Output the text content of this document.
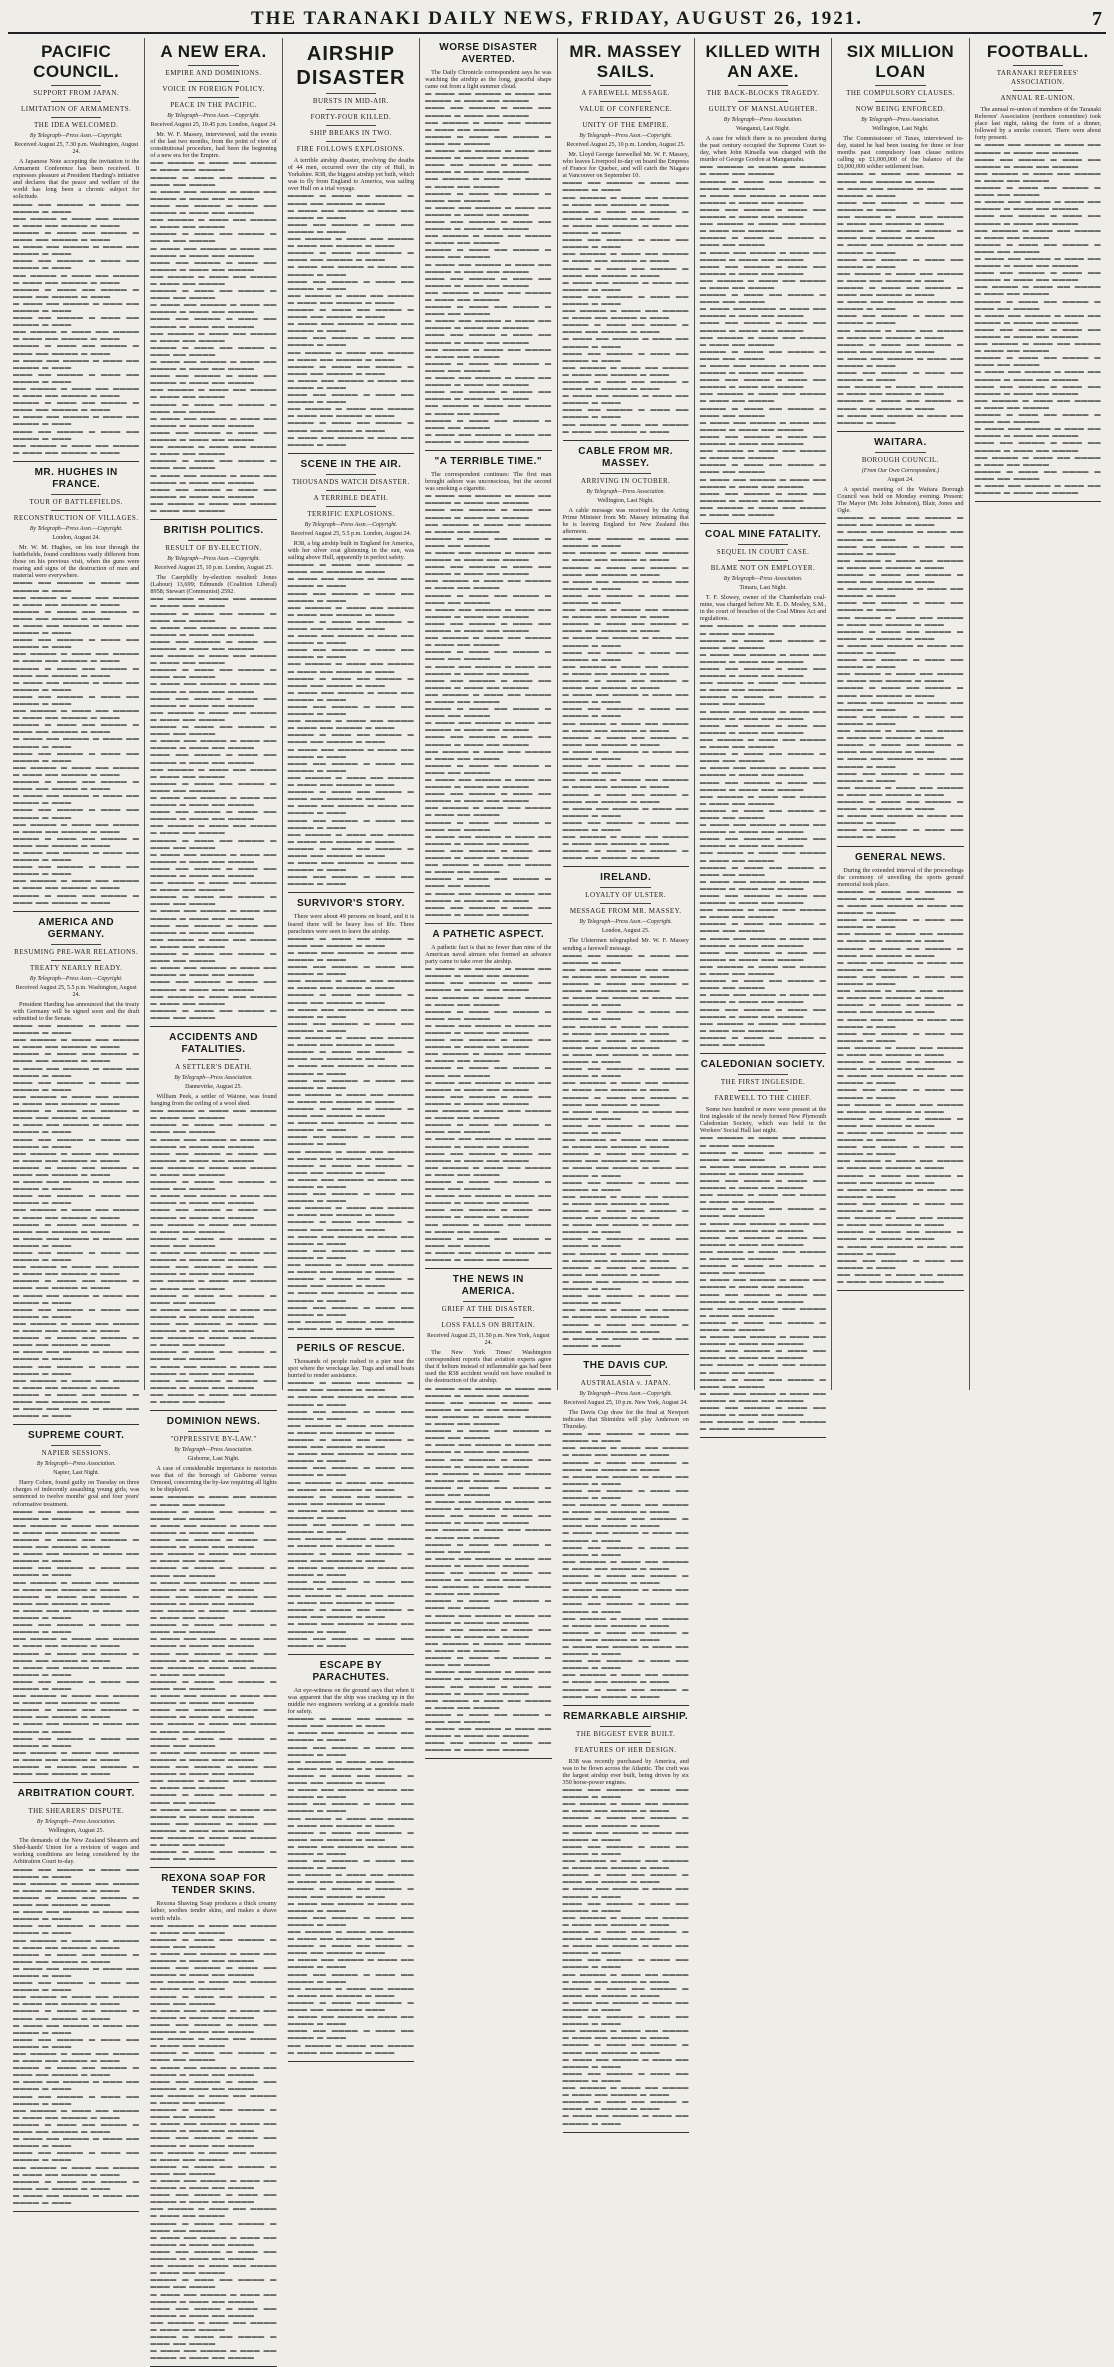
THE TARANAKI DAILY NEWS, FRIDAY, AUGUST 26, 1921.	7
PACIFIC COUNCIL.
SUPPORT FROM JAPAN.
LIMITATION OF ARMAMENTS.
THE IDEA WELCOMED.
By Telegraph—Press Assn.—Copyright.
Received August 25, 7.30 p.m. Washington, August 24.
A Japanese Note accepting the invitation to the Armament Conference has been received. It expresses pleasure at President Harding's initiative and declares that the peace and welfare of the world has long been a chronic subject for solicitude.
▬▬▬ ▬▬ ▬▬▬▬ ▬ ▬▬▬ ▬▬ ▬▬▬▬ ▬ ▬▬▬
▬▬ ▬▬▬▬ ▬ ▬▬▬ ▬▬ ▬▬▬▬ ▬ ▬▬▬ ▬▬ ▬▬▬▬ ▬ ▬▬▬
▬▬▬▬ ▬ ▬▬▬ ▬▬ ▬▬▬▬ ▬ ▬▬▬ ▬▬ ▬▬▬▬ ▬ ▬▬▬
▬ ▬▬▬ ▬▬ ▬▬▬▬ ▬ ▬▬▬ ▬▬ ▬▬▬▬ ▬ ▬▬▬
▬▬▬ ▬▬ ▬▬▬▬ ▬ ▬▬▬ ▬▬ ▬▬▬▬ ▬ ▬▬▬
▬▬ ▬▬▬▬ ▬ ▬▬▬ ▬▬ ▬▬▬▬ ▬ ▬▬▬ ▬▬ ▬▬▬▬ ▬ ▬▬▬
▬▬▬▬ ▬ ▬▬▬ ▬▬ ▬▬▬▬ ▬ ▬▬▬ ▬▬ ▬▬▬▬ ▬ ▬▬▬
▬ ▬▬▬ ▬▬ ▬▬▬▬ ▬ ▬▬▬ ▬▬ ▬▬▬▬ ▬ ▬▬▬
▬▬▬ ▬▬ ▬▬▬▬ ▬ ▬▬▬ ▬▬ ▬▬▬▬ ▬ ▬▬▬
▬▬ ▬▬▬▬ ▬ ▬▬▬ ▬▬ ▬▬▬▬ ▬ ▬▬▬ ▬▬ ▬▬▬▬ ▬ ▬▬▬
▬▬▬▬ ▬ ▬▬▬ ▬▬ ▬▬▬▬ ▬ ▬▬▬ ▬▬ ▬▬▬▬ ▬ ▬▬▬
▬ ▬▬▬ ▬▬ ▬▬▬▬ ▬ ▬▬▬ ▬▬ ▬▬▬▬ ▬ ▬▬▬
▬▬▬ ▬▬ ▬▬▬▬ ▬ ▬▬▬ ▬▬ ▬▬▬▬ ▬ ▬▬▬
▬▬ ▬▬▬▬ ▬ ▬▬▬ ▬▬ ▬▬▬▬ ▬ ▬▬▬ ▬▬ ▬▬▬▬ ▬ ▬▬▬
▬▬▬▬ ▬ ▬▬▬ ▬▬ ▬▬▬▬ ▬ ▬▬▬ ▬▬ ▬▬▬▬ ▬ ▬▬▬
▬ ▬▬▬ ▬▬ ▬▬▬▬ ▬ ▬▬▬ ▬▬ ▬▬▬▬ ▬ ▬▬▬
▬▬▬ ▬▬ ▬▬▬▬ ▬ ▬▬▬ ▬▬ ▬▬▬▬ ▬ ▬▬▬
▬▬ ▬▬▬▬ ▬ ▬▬▬ ▬▬ ▬▬▬▬ ▬ ▬▬▬ ▬▬ ▬▬▬▬ ▬ ▬▬▬
MR. HUGHES IN FRANCE.
TOUR OF BATTLEFIELDS.
RECONSTRUCTION OF VILLAGES.
By Telegraph—Press Assn.—Copyright.
London, August 24.
Mr. W. M. Hughes, on his tour through the battlefields, found conditions vastly different from those on his previous visit, when the guns were roaring and signs of the destruction of men and material were everywhere.
▬▬▬ ▬▬ ▬▬▬▬ ▬ ▬▬▬ ▬▬ ▬▬▬▬ ▬ ▬▬▬
▬▬ ▬▬▬▬ ▬ ▬▬▬ ▬▬ ▬▬▬▬ ▬ ▬▬▬ ▬▬ ▬▬▬▬ ▬ ▬▬▬
▬▬▬▬ ▬ ▬▬▬ ▬▬ ▬▬▬▬ ▬ ▬▬▬ ▬▬ ▬▬▬▬ ▬ ▬▬▬
▬ ▬▬▬ ▬▬ ▬▬▬▬ ▬ ▬▬▬ ▬▬ ▬▬▬▬ ▬ ▬▬▬
▬▬▬ ▬▬ ▬▬▬▬ ▬ ▬▬▬ ▬▬ ▬▬▬▬ ▬ ▬▬▬
▬▬ ▬▬▬▬ ▬ ▬▬▬ ▬▬ ▬▬▬▬ ▬ ▬▬▬ ▬▬ ▬▬▬▬ ▬ ▬▬▬
▬▬▬▬ ▬ ▬▬▬ ▬▬ ▬▬▬▬ ▬ ▬▬▬ ▬▬ ▬▬▬▬ ▬ ▬▬▬
▬ ▬▬▬ ▬▬ ▬▬▬▬ ▬ ▬▬▬ ▬▬ ▬▬▬▬ ▬ ▬▬▬
▬▬▬ ▬▬ ▬▬▬▬ ▬ ▬▬▬ ▬▬ ▬▬▬▬ ▬ ▬▬▬
▬▬ ▬▬▬▬ ▬ ▬▬▬ ▬▬ ▬▬▬▬ ▬ ▬▬▬ ▬▬ ▬▬▬▬ ▬ ▬▬▬
▬▬▬▬ ▬ ▬▬▬ ▬▬ ▬▬▬▬ ▬ ▬▬▬ ▬▬ ▬▬▬▬ ▬ ▬▬▬
▬ ▬▬▬ ▬▬ ▬▬▬▬ ▬ ▬▬▬ ▬▬ ▬▬▬▬ ▬ ▬▬▬
▬▬▬ ▬▬ ▬▬▬▬ ▬ ▬▬▬ ▬▬ ▬▬▬▬ ▬ ▬▬▬
▬▬ ▬▬▬▬ ▬ ▬▬▬ ▬▬ ▬▬▬▬ ▬ ▬▬▬ ▬▬ ▬▬▬▬ ▬ ▬▬▬
▬▬▬▬ ▬ ▬▬▬ ▬▬ ▬▬▬▬ ▬ ▬▬▬ ▬▬ ▬▬▬▬ ▬ ▬▬▬
▬ ▬▬▬ ▬▬ ▬▬▬▬ ▬ ▬▬▬ ▬▬ ▬▬▬▬ ▬ ▬▬▬
▬▬▬ ▬▬ ▬▬▬▬ ▬ ▬▬▬ ▬▬ ▬▬▬▬ ▬ ▬▬▬
▬▬ ▬▬▬▬ ▬ ▬▬▬ ▬▬ ▬▬▬▬ ▬ ▬▬▬ ▬▬ ▬▬▬▬ ▬ ▬▬▬
▬▬▬▬ ▬ ▬▬▬ ▬▬ ▬▬▬▬ ▬ ▬▬▬ ▬▬ ▬▬▬▬ ▬ ▬▬▬
▬ ▬▬▬ ▬▬ ▬▬▬▬ ▬ ▬▬▬ ▬▬ ▬▬▬▬ ▬ ▬▬▬
▬▬▬ ▬▬ ▬▬▬▬ ▬ ▬▬▬ ▬▬ ▬▬▬▬ ▬ ▬▬▬
▬▬ ▬▬▬▬ ▬ ▬▬▬ ▬▬ ▬▬▬▬ ▬ ▬▬▬ ▬▬ ▬▬▬▬ ▬ ▬▬▬
▬▬▬▬ ▬ ▬▬▬ ▬▬ ▬▬▬▬ ▬ ▬▬▬ ▬▬ ▬▬▬▬ ▬ ▬▬▬
AMERICA AND GERMANY.
RESUMING PRE-WAR RELATIONS.
TREATY NEARLY READY.
By Telegraph—Press Assn.—Copyright.
Received August 25, 5.5 p.m. Washington, August 24.
President Harding has announced that the treaty with Germany will be signed soon and the draft submitted to the Senate.
▬▬▬ ▬▬ ▬▬▬▬ ▬ ▬▬▬ ▬▬ ▬▬▬▬ ▬ ▬▬▬
▬▬ ▬▬▬▬ ▬ ▬▬▬ ▬▬ ▬▬▬▬ ▬ ▬▬▬ ▬▬ ▬▬▬▬ ▬ ▬▬▬
▬▬▬▬ ▬ ▬▬▬ ▬▬ ▬▬▬▬ ▬ ▬▬▬ ▬▬ ▬▬▬▬ ▬ ▬▬▬
▬ ▬▬▬ ▬▬ ▬▬▬▬ ▬ ▬▬▬ ▬▬ ▬▬▬▬ ▬ ▬▬▬
▬▬▬ ▬▬ ▬▬▬▬ ▬ ▬▬▬ ▬▬ ▬▬▬▬ ▬ ▬▬▬
▬▬ ▬▬▬▬ ▬ ▬▬▬ ▬▬ ▬▬▬▬ ▬ ▬▬▬ ▬▬ ▬▬▬▬ ▬ ▬▬▬
▬▬▬▬ ▬ ▬▬▬ ▬▬ ▬▬▬▬ ▬ ▬▬▬ ▬▬ ▬▬▬▬ ▬ ▬▬▬
▬ ▬▬▬ ▬▬ ▬▬▬▬ ▬ ▬▬▬ ▬▬ ▬▬▬▬ ▬ ▬▬▬
▬▬▬ ▬▬ ▬▬▬▬ ▬ ▬▬▬ ▬▬ ▬▬▬▬ ▬ ▬▬▬
▬▬ ▬▬▬▬ ▬ ▬▬▬ ▬▬ ▬▬▬▬ ▬ ▬▬▬ ▬▬ ▬▬▬▬ ▬ ▬▬▬
▬▬▬▬ ▬ ▬▬▬ ▬▬ ▬▬▬▬ ▬ ▬▬▬ ▬▬ ▬▬▬▬ ▬ ▬▬▬
▬ ▬▬▬ ▬▬ ▬▬▬▬ ▬ ▬▬▬ ▬▬ ▬▬▬▬ ▬ ▬▬▬
▬▬▬ ▬▬ ▬▬▬▬ ▬ ▬▬▬ ▬▬ ▬▬▬▬ ▬ ▬▬▬
▬▬ ▬▬▬▬ ▬ ▬▬▬ ▬▬ ▬▬▬▬ ▬ ▬▬▬ ▬▬ ▬▬▬▬ ▬ ▬▬▬
▬▬▬▬ ▬ ▬▬▬ ▬▬ ▬▬▬▬ ▬ ▬▬▬ ▬▬ ▬▬▬▬ ▬ ▬▬▬
▬ ▬▬▬ ▬▬ ▬▬▬▬ ▬ ▬▬▬ ▬▬ ▬▬▬▬ ▬ ▬▬▬
▬▬▬ ▬▬ ▬▬▬▬ ▬ ▬▬▬ ▬▬ ▬▬▬▬ ▬ ▬▬▬
▬▬ ▬▬▬▬ ▬ ▬▬▬ ▬▬ ▬▬▬▬ ▬ ▬▬▬ ▬▬ ▬▬▬▬ ▬ ▬▬▬
▬▬▬▬ ▬ ▬▬▬ ▬▬ ▬▬▬▬ ▬ ▬▬▬ ▬▬ ▬▬▬▬ ▬ ▬▬▬
▬ ▬▬▬ ▬▬ ▬▬▬▬ ▬ ▬▬▬ ▬▬ ▬▬▬▬ ▬ ▬▬▬
▬▬▬ ▬▬ ▬▬▬▬ ▬ ▬▬▬ ▬▬ ▬▬▬▬ ▬ ▬▬▬
▬▬ ▬▬▬▬ ▬ ▬▬▬ ▬▬ ▬▬▬▬ ▬ ▬▬▬ ▬▬ ▬▬▬▬ ▬ ▬▬▬
▬▬▬▬ ▬ ▬▬▬ ▬▬ ▬▬▬▬ ▬ ▬▬▬ ▬▬ ▬▬▬▬ ▬ ▬▬▬
▬ ▬▬▬ ▬▬ ▬▬▬▬ ▬ ▬▬▬ ▬▬ ▬▬▬▬ ▬ ▬▬▬
▬▬▬ ▬▬ ▬▬▬▬ ▬ ▬▬▬ ▬▬ ▬▬▬▬ ▬ ▬▬▬
▬▬ ▬▬▬▬ ▬ ▬▬▬ ▬▬ ▬▬▬▬ ▬ ▬▬▬ ▬▬ ▬▬▬▬ ▬ ▬▬▬
▬▬▬▬ ▬ ▬▬▬ ▬▬ ▬▬▬▬ ▬ ▬▬▬ ▬▬ ▬▬▬▬ ▬ ▬▬▬
▬ ▬▬▬ ▬▬ ▬▬▬▬ ▬ ▬▬▬ ▬▬ ▬▬▬▬ ▬ ▬▬▬
SUPREME COURT.
NAPIER SESSIONS.
By Telegraph—Press Association.
Napier, Last Night.
Harry Cohen, found guilty on Tuesday on three charges of indecently assaulting young girls, was sentenced to twelve months' goal and four years' reformative treatment.
▬▬▬ ▬▬ ▬▬▬▬ ▬ ▬▬▬ ▬▬ ▬▬▬▬ ▬ ▬▬▬
▬▬ ▬▬▬▬ ▬ ▬▬▬ ▬▬ ▬▬▬▬ ▬ ▬▬▬ ▬▬ ▬▬▬▬ ▬ ▬▬▬
▬▬▬▬ ▬ ▬▬▬ ▬▬ ▬▬▬▬ ▬ ▬▬▬ ▬▬ ▬▬▬▬ ▬ ▬▬▬
▬ ▬▬▬ ▬▬ ▬▬▬▬ ▬ ▬▬▬ ▬▬ ▬▬▬▬ ▬ ▬▬▬
▬▬▬ ▬▬ ▬▬▬▬ ▬ ▬▬▬ ▬▬ ▬▬▬▬ ▬ ▬▬▬
▬▬ ▬▬▬▬ ▬ ▬▬▬ ▬▬ ▬▬▬▬ ▬ ▬▬▬ ▬▬ ▬▬▬▬ ▬ ▬▬▬
▬▬▬▬ ▬ ▬▬▬ ▬▬ ▬▬▬▬ ▬ ▬▬▬ ▬▬ ▬▬▬▬ ▬ ▬▬▬
▬ ▬▬▬ ▬▬ ▬▬▬▬ ▬ ▬▬▬ ▬▬ ▬▬▬▬ ▬ ▬▬▬
▬▬▬ ▬▬ ▬▬▬▬ ▬ ▬▬▬ ▬▬ ▬▬▬▬ ▬ ▬▬▬
▬▬ ▬▬▬▬ ▬ ▬▬▬ ▬▬ ▬▬▬▬ ▬ ▬▬▬ ▬▬ ▬▬▬▬ ▬ ▬▬▬
▬▬▬▬ ▬ ▬▬▬ ▬▬ ▬▬▬▬ ▬ ▬▬▬ ▬▬ ▬▬▬▬ ▬ ▬▬▬
▬ ▬▬▬ ▬▬ ▬▬▬▬ ▬ ▬▬▬ ▬▬ ▬▬▬▬ ▬ ▬▬▬
▬▬▬ ▬▬ ▬▬▬▬ ▬ ▬▬▬ ▬▬ ▬▬▬▬ ▬ ▬▬▬
▬▬ ▬▬▬▬ ▬ ▬▬▬ ▬▬ ▬▬▬▬ ▬ ▬▬▬ ▬▬ ▬▬▬▬ ▬ ▬▬▬
▬▬▬▬ ▬ ▬▬▬ ▬▬ ▬▬▬▬ ▬ ▬▬▬ ▬▬ ▬▬▬▬ ▬ ▬▬▬
▬ ▬▬▬ ▬▬ ▬▬▬▬ ▬ ▬▬▬ ▬▬ ▬▬▬▬ ▬ ▬▬▬
▬▬▬ ▬▬ ▬▬▬▬ ▬ ▬▬▬ ▬▬ ▬▬▬▬ ▬ ▬▬▬
▬▬ ▬▬▬▬ ▬ ▬▬▬ ▬▬ ▬▬▬▬ ▬ ▬▬▬ ▬▬ ▬▬▬▬ ▬ ▬▬▬
▬▬▬▬ ▬ ▬▬▬ ▬▬ ▬▬▬▬ ▬ ▬▬▬ ▬▬ ▬▬▬▬ ▬ ▬▬▬
ARBITRATION COURT.
THE SHEARERS' DISPUTE.
By Telegraph—Press Association.
Wellington, August 25.
The demands of the New Zealand Shearers and Shed-hands' Union for a revision of wages and working conditions are being considered by the Arbitration Court to-day.
▬▬▬ ▬▬ ▬▬▬▬ ▬ ▬▬▬ ▬▬ ▬▬▬▬ ▬ ▬▬▬
▬▬ ▬▬▬▬ ▬ ▬▬▬ ▬▬ ▬▬▬▬ ▬ ▬▬▬ ▬▬ ▬▬▬▬ ▬ ▬▬▬
▬▬▬▬ ▬ ▬▬▬ ▬▬ ▬▬▬▬ ▬ ▬▬▬ ▬▬ ▬▬▬▬ ▬ ▬▬▬
▬ ▬▬▬ ▬▬ ▬▬▬▬ ▬ ▬▬▬ ▬▬ ▬▬▬▬ ▬ ▬▬▬
▬▬▬ ▬▬ ▬▬▬▬ ▬ ▬▬▬ ▬▬ ▬▬▬▬ ▬ ▬▬▬
▬▬ ▬▬▬▬ ▬ ▬▬▬ ▬▬ ▬▬▬▬ ▬ ▬▬▬ ▬▬ ▬▬▬▬ ▬ ▬▬▬
▬▬▬▬ ▬ ▬▬▬ ▬▬ ▬▬▬▬ ▬ ▬▬▬ ▬▬ ▬▬▬▬ ▬ ▬▬▬
▬ ▬▬▬ ▬▬ ▬▬▬▬ ▬ ▬▬▬ ▬▬ ▬▬▬▬ ▬ ▬▬▬
▬▬▬ ▬▬ ▬▬▬▬ ▬ ▬▬▬ ▬▬ ▬▬▬▬ ▬ ▬▬▬
▬▬ ▬▬▬▬ ▬ ▬▬▬ ▬▬ ▬▬▬▬ ▬ ▬▬▬ ▬▬ ▬▬▬▬ ▬ ▬▬▬
▬▬▬▬ ▬ ▬▬▬ ▬▬ ▬▬▬▬ ▬ ▬▬▬ ▬▬ ▬▬▬▬ ▬ ▬▬▬
▬ ▬▬▬ ▬▬ ▬▬▬▬ ▬ ▬▬▬ ▬▬ ▬▬▬▬ ▬ ▬▬▬
▬▬▬ ▬▬ ▬▬▬▬ ▬ ▬▬▬ ▬▬ ▬▬▬▬ ▬ ▬▬▬
▬▬ ▬▬▬▬ ▬ ▬▬▬ ▬▬ ▬▬▬▬ ▬ ▬▬▬ ▬▬ ▬▬▬▬ ▬ ▬▬▬
▬▬▬▬ ▬ ▬▬▬ ▬▬ ▬▬▬▬ ▬ ▬▬▬ ▬▬ ▬▬▬▬ ▬ ▬▬▬
▬ ▬▬▬ ▬▬ ▬▬▬▬ ▬ ▬▬▬ ▬▬ ▬▬▬▬ ▬ ▬▬▬
▬▬▬ ▬▬ ▬▬▬▬ ▬ ▬▬▬ ▬▬ ▬▬▬▬ ▬ ▬▬▬
▬▬ ▬▬▬▬ ▬ ▬▬▬ ▬▬ ▬▬▬▬ ▬ ▬▬▬ ▬▬ ▬▬▬▬ ▬ ▬▬▬
▬▬▬▬ ▬ ▬▬▬ ▬▬ ▬▬▬▬ ▬ ▬▬▬ ▬▬ ▬▬▬▬ ▬ ▬▬▬
▬ ▬▬▬ ▬▬ ▬▬▬▬ ▬ ▬▬▬ ▬▬ ▬▬▬▬ ▬ ▬▬▬
▬▬▬ ▬▬ ▬▬▬▬ ▬ ▬▬▬ ▬▬ ▬▬▬▬ ▬ ▬▬▬
▬▬ ▬▬▬▬ ▬ ▬▬▬ ▬▬ ▬▬▬▬ ▬ ▬▬▬ ▬▬ ▬▬▬▬ ▬ ▬▬▬
▬▬▬▬ ▬ ▬▬▬ ▬▬ ▬▬▬▬ ▬ ▬▬▬ ▬▬ ▬▬▬▬ ▬ ▬▬▬
▬ ▬▬▬ ▬▬ ▬▬▬▬ ▬ ▬▬▬ ▬▬ ▬▬▬▬ ▬ ▬▬▬
A NEW ERA.
EMPIRE AND DOMINIONS.
VOICE IN FOREIGN POLICY.
PEACE IN THE PACIFIC.
By Telegraph—Press Assn.—Copyright.
Received August 25, 10.45 p.m. London, August 24.
Mr. W. F. Massey, interviewed, said the events of the last two months, from the point of view of constitutional procedure, had been the beginning of a new era for the Empire.
▬▬ ▬▬▬▬ ▬ ▬▬▬ ▬▬ ▬▬▬▬ ▬ ▬▬▬ ▬▬ ▬▬▬▬
▬▬▬▬ ▬ ▬▬▬ ▬▬ ▬▬▬▬ ▬ ▬▬▬ ▬▬ ▬▬▬▬
▬ ▬▬▬ ▬▬ ▬▬▬▬ ▬ ▬▬▬ ▬▬ ▬▬▬▬ ▬ ▬▬▬ ▬▬ ▬▬▬▬
▬▬▬ ▬▬ ▬▬▬▬ ▬ ▬▬▬ ▬▬ ▬▬▬▬ ▬ ▬▬▬ ▬▬ ▬▬▬▬
▬▬ ▬▬▬▬ ▬ ▬▬▬ ▬▬ ▬▬▬▬ ▬ ▬▬▬ ▬▬ ▬▬▬▬
▬▬▬▬ ▬ ▬▬▬ ▬▬ ▬▬▬▬ ▬ ▬▬▬ ▬▬ ▬▬▬▬
▬ ▬▬▬ ▬▬ ▬▬▬▬ ▬ ▬▬▬ ▬▬ ▬▬▬▬ ▬ ▬▬▬ ▬▬ ▬▬▬▬
▬▬▬ ▬▬ ▬▬▬▬ ▬ ▬▬▬ ▬▬ ▬▬▬▬ ▬ ▬▬▬ ▬▬ ▬▬▬▬
▬▬ ▬▬▬▬ ▬ ▬▬▬ ▬▬ ▬▬▬▬ ▬ ▬▬▬ ▬▬ ▬▬▬▬
▬▬▬▬ ▬ ▬▬▬ ▬▬ ▬▬▬▬ ▬ ▬▬▬ ▬▬ ▬▬▬▬
▬ ▬▬▬ ▬▬ ▬▬▬▬ ▬ ▬▬▬ ▬▬ ▬▬▬▬ ▬ ▬▬▬ ▬▬ ▬▬▬▬
▬▬▬ ▬▬ ▬▬▬▬ ▬ ▬▬▬ ▬▬ ▬▬▬▬ ▬ ▬▬▬ ▬▬ ▬▬▬▬
▬▬ ▬▬▬▬ ▬ ▬▬▬ ▬▬ ▬▬▬▬ ▬ ▬▬▬ ▬▬ ▬▬▬▬
▬▬▬▬ ▬ ▬▬▬ ▬▬ ▬▬▬▬ ▬ ▬▬▬ ▬▬ ▬▬▬▬
▬ ▬▬▬ ▬▬ ▬▬▬▬ ▬ ▬▬▬ ▬▬ ▬▬▬▬ ▬ ▬▬▬ ▬▬ ▬▬▬▬
▬▬▬ ▬▬ ▬▬▬▬ ▬ ▬▬▬ ▬▬ ▬▬▬▬ ▬ ▬▬▬ ▬▬ ▬▬▬▬
▬▬ ▬▬▬▬ ▬ ▬▬▬ ▬▬ ▬▬▬▬ ▬ ▬▬▬ ▬▬ ▬▬▬▬
▬▬▬▬ ▬ ▬▬▬ ▬▬ ▬▬▬▬ ▬ ▬▬▬ ▬▬ ▬▬▬▬
▬ ▬▬▬ ▬▬ ▬▬▬▬ ▬ ▬▬▬ ▬▬ ▬▬▬▬ ▬ ▬▬▬ ▬▬ ▬▬▬▬
▬▬▬ ▬▬ ▬▬▬▬ ▬ ▬▬▬ ▬▬ ▬▬▬▬ ▬ ▬▬▬ ▬▬ ▬▬▬▬
▬▬ ▬▬▬▬ ▬ ▬▬▬ ▬▬ ▬▬▬▬ ▬ ▬▬▬ ▬▬ ▬▬▬▬
▬▬▬▬ ▬ ▬▬▬ ▬▬ ▬▬▬▬ ▬ ▬▬▬ ▬▬ ▬▬▬▬
▬ ▬▬▬ ▬▬ ▬▬▬▬ ▬ ▬▬▬ ▬▬ ▬▬▬▬ ▬ ▬▬▬ ▬▬ ▬▬▬▬
▬▬▬ ▬▬ ▬▬▬▬ ▬ ▬▬▬ ▬▬ ▬▬▬▬ ▬ ▬▬▬ ▬▬ ▬▬▬▬
▬▬ ▬▬▬▬ ▬ ▬▬▬ ▬▬ ▬▬▬▬ ▬ ▬▬▬ ▬▬ ▬▬▬▬
BRITISH POLITICS.
RESULT OF BY-ELECTION.
By Telegraph—Press Assn.—Copyright.
Received August 25, 10 p.m. London, August 25.
The Caerphilly by-election resulted: Jones (Labour) 13,699; Edmunds (Coalition Liberal) 8958; Stewart (Communist) 2592.
▬▬ ▬▬▬▬ ▬ ▬▬▬ ▬▬ ▬▬▬▬ ▬ ▬▬▬ ▬▬ ▬▬▬▬
▬▬▬▬ ▬ ▬▬▬ ▬▬ ▬▬▬▬ ▬ ▬▬▬ ▬▬ ▬▬▬▬
▬ ▬▬▬ ▬▬ ▬▬▬▬ ▬ ▬▬▬ ▬▬ ▬▬▬▬ ▬ ▬▬▬ ▬▬ ▬▬▬▬
▬▬▬ ▬▬ ▬▬▬▬ ▬ ▬▬▬ ▬▬ ▬▬▬▬ ▬ ▬▬▬ ▬▬ ▬▬▬▬
▬▬ ▬▬▬▬ ▬ ▬▬▬ ▬▬ ▬▬▬▬ ▬ ▬▬▬ ▬▬ ▬▬▬▬
▬▬▬▬ ▬ ▬▬▬ ▬▬ ▬▬▬▬ ▬ ▬▬▬ ▬▬ ▬▬▬▬
▬ ▬▬▬ ▬▬ ▬▬▬▬ ▬ ▬▬▬ ▬▬ ▬▬▬▬ ▬ ▬▬▬ ▬▬ ▬▬▬▬
▬▬▬ ▬▬ ▬▬▬▬ ▬ ▬▬▬ ▬▬ ▬▬▬▬ ▬ ▬▬▬ ▬▬ ▬▬▬▬
▬▬ ▬▬▬▬ ▬ ▬▬▬ ▬▬ ▬▬▬▬ ▬ ▬▬▬ ▬▬ ▬▬▬▬
▬▬▬▬ ▬ ▬▬▬ ▬▬ ▬▬▬▬ ▬ ▬▬▬ ▬▬ ▬▬▬▬
▬ ▬▬▬ ▬▬ ▬▬▬▬ ▬ ▬▬▬ ▬▬ ▬▬▬▬ ▬ ▬▬▬ ▬▬ ▬▬▬▬
▬▬▬ ▬▬ ▬▬▬▬ ▬ ▬▬▬ ▬▬ ▬▬▬▬ ▬ ▬▬▬ ▬▬ ▬▬▬▬
▬▬ ▬▬▬▬ ▬ ▬▬▬ ▬▬ ▬▬▬▬ ▬ ▬▬▬ ▬▬ ▬▬▬▬
▬▬▬▬ ▬ ▬▬▬ ▬▬ ▬▬▬▬ ▬ ▬▬▬ ▬▬ ▬▬▬▬
▬ ▬▬▬ ▬▬ ▬▬▬▬ ▬ ▬▬▬ ▬▬ ▬▬▬▬ ▬ ▬▬▬ ▬▬ ▬▬▬▬
▬▬▬ ▬▬ ▬▬▬▬ ▬ ▬▬▬ ▬▬ ▬▬▬▬ ▬ ▬▬▬ ▬▬ ▬▬▬▬
▬▬ ▬▬▬▬ ▬ ▬▬▬ ▬▬ ▬▬▬▬ ▬ ▬▬▬ ▬▬ ▬▬▬▬
▬▬▬▬ ▬ ▬▬▬ ▬▬ ▬▬▬▬ ▬ ▬▬▬ ▬▬ ▬▬▬▬
▬ ▬▬▬ ▬▬ ▬▬▬▬ ▬ ▬▬▬ ▬▬ ▬▬▬▬ ▬ ▬▬▬ ▬▬ ▬▬▬▬
▬▬▬ ▬▬ ▬▬▬▬ ▬ ▬▬▬ ▬▬ ▬▬▬▬ ▬ ▬▬▬ ▬▬ ▬▬▬▬
▬▬ ▬▬▬▬ ▬ ▬▬▬ ▬▬ ▬▬▬▬ ▬ ▬▬▬ ▬▬ ▬▬▬▬
▬▬▬▬ ▬ ▬▬▬ ▬▬ ▬▬▬▬ ▬ ▬▬▬ ▬▬ ▬▬▬▬
▬ ▬▬▬ ▬▬ ▬▬▬▬ ▬ ▬▬▬ ▬▬ ▬▬▬▬ ▬ ▬▬▬ ▬▬ ▬▬▬▬
▬▬▬ ▬▬ ▬▬▬▬ ▬ ▬▬▬ ▬▬ ▬▬▬▬ ▬ ▬▬▬ ▬▬ ▬▬▬▬
▬▬ ▬▬▬▬ ▬ ▬▬▬ ▬▬ ▬▬▬▬ ▬ ▬▬▬ ▬▬ ▬▬▬▬
▬▬▬▬ ▬ ▬▬▬ ▬▬ ▬▬▬▬ ▬ ▬▬▬ ▬▬ ▬▬▬▬
▬ ▬▬▬ ▬▬ ▬▬▬▬ ▬ ▬▬▬ ▬▬ ▬▬▬▬ ▬ ▬▬▬ ▬▬ ▬▬▬▬
▬▬▬ ▬▬ ▬▬▬▬ ▬ ▬▬▬ ▬▬ ▬▬▬▬ ▬ ▬▬▬ ▬▬ ▬▬▬▬
▬▬ ▬▬▬▬ ▬ ▬▬▬ ▬▬ ▬▬▬▬ ▬ ▬▬▬ ▬▬ ▬▬▬▬
▬▬▬▬ ▬ ▬▬▬ ▬▬ ▬▬▬▬ ▬ ▬▬▬ ▬▬ ▬▬▬▬
ACCIDENTS AND FATALITIES.
A SETTLER'S DEATH.
By Telegraph—Press Association.
Dannevirke, August 25.
William Peek, a settler of Waione, was found hanging from the ceiling of a wool shed.
▬▬ ▬▬▬▬ ▬ ▬▬▬ ▬▬ ▬▬▬▬ ▬ ▬▬▬ ▬▬ ▬▬▬▬
▬▬▬▬ ▬ ▬▬▬ ▬▬ ▬▬▬▬ ▬ ▬▬▬ ▬▬ ▬▬▬▬
▬ ▬▬▬ ▬▬ ▬▬▬▬ ▬ ▬▬▬ ▬▬ ▬▬▬▬ ▬ ▬▬▬ ▬▬ ▬▬▬▬
▬▬▬ ▬▬ ▬▬▬▬ ▬ ▬▬▬ ▬▬ ▬▬▬▬ ▬ ▬▬▬ ▬▬ ▬▬▬▬
▬▬ ▬▬▬▬ ▬ ▬▬▬ ▬▬ ▬▬▬▬ ▬ ▬▬▬ ▬▬ ▬▬▬▬
▬▬▬▬ ▬ ▬▬▬ ▬▬ ▬▬▬▬ ▬ ▬▬▬ ▬▬ ▬▬▬▬
▬ ▬▬▬ ▬▬ ▬▬▬▬ ▬ ▬▬▬ ▬▬ ▬▬▬▬ ▬ ▬▬▬ ▬▬ ▬▬▬▬
▬▬▬ ▬▬ ▬▬▬▬ ▬ ▬▬▬ ▬▬ ▬▬▬▬ ▬ ▬▬▬ ▬▬ ▬▬▬▬
▬▬ ▬▬▬▬ ▬ ▬▬▬ ▬▬ ▬▬▬▬ ▬ ▬▬▬ ▬▬ ▬▬▬▬
▬▬▬▬ ▬ ▬▬▬ ▬▬ ▬▬▬▬ ▬ ▬▬▬ ▬▬ ▬▬▬▬
▬ ▬▬▬ ▬▬ ▬▬▬▬ ▬ ▬▬▬ ▬▬ ▬▬▬▬ ▬ ▬▬▬ ▬▬ ▬▬▬▬
▬▬▬ ▬▬ ▬▬▬▬ ▬ ▬▬▬ ▬▬ ▬▬▬▬ ▬ ▬▬▬ ▬▬ ▬▬▬▬
▬▬ ▬▬▬▬ ▬ ▬▬▬ ▬▬ ▬▬▬▬ ▬ ▬▬▬ ▬▬ ▬▬▬▬
▬▬▬▬ ▬ ▬▬▬ ▬▬ ▬▬▬▬ ▬ ▬▬▬ ▬▬ ▬▬▬▬
▬ ▬▬▬ ▬▬ ▬▬▬▬ ▬ ▬▬▬ ▬▬ ▬▬▬▬ ▬ ▬▬▬ ▬▬ ▬▬▬▬
▬▬▬ ▬▬ ▬▬▬▬ ▬ ▬▬▬ ▬▬ ▬▬▬▬ ▬ ▬▬▬ ▬▬ ▬▬▬▬
▬▬ ▬▬▬▬ ▬ ▬▬▬ ▬▬ ▬▬▬▬ ▬ ▬▬▬ ▬▬ ▬▬▬▬
▬▬▬▬ ▬ ▬▬▬ ▬▬ ▬▬▬▬ ▬ ▬▬▬ ▬▬ ▬▬▬▬
▬ ▬▬▬ ▬▬ ▬▬▬▬ ▬ ▬▬▬ ▬▬ ▬▬▬▬ ▬ ▬▬▬ ▬▬ ▬▬▬▬
▬▬▬ ▬▬ ▬▬▬▬ ▬ ▬▬▬ ▬▬ ▬▬▬▬ ▬ ▬▬▬ ▬▬ ▬▬▬▬
▬▬ ▬▬▬▬ ▬ ▬▬▬ ▬▬ ▬▬▬▬ ▬ ▬▬▬ ▬▬ ▬▬▬▬
DOMINION NEWS.
"OPPRESSIVE BY-LAW."
By Telegraph—Press Association.
Gisborne, Last Night.
A case of considerable importance to motorists was that of the borough of Gisborne versus Ormond, concerning the by-law requiring all lights to be displayed.
▬▬ ▬▬▬▬ ▬ ▬▬▬ ▬▬ ▬▬▬▬ ▬ ▬▬▬ ▬▬ ▬▬▬▬
▬▬▬▬ ▬ ▬▬▬ ▬▬ ▬▬▬▬ ▬ ▬▬▬ ▬▬ ▬▬▬▬
▬ ▬▬▬ ▬▬ ▬▬▬▬ ▬ ▬▬▬ ▬▬ ▬▬▬▬ ▬ ▬▬▬ ▬▬ ▬▬▬▬
▬▬▬ ▬▬ ▬▬▬▬ ▬ ▬▬▬ ▬▬ ▬▬▬▬ ▬ ▬▬▬ ▬▬ ▬▬▬▬
▬▬ ▬▬▬▬ ▬ ▬▬▬ ▬▬ ▬▬▬▬ ▬ ▬▬▬ ▬▬ ▬▬▬▬
▬▬▬▬ ▬ ▬▬▬ ▬▬ ▬▬▬▬ ▬ ▬▬▬ ▬▬ ▬▬▬▬
▬ ▬▬▬ ▬▬ ▬▬▬▬ ▬ ▬▬▬ ▬▬ ▬▬▬▬ ▬ ▬▬▬ ▬▬ ▬▬▬▬
▬▬▬ ▬▬ ▬▬▬▬ ▬ ▬▬▬ ▬▬ ▬▬▬▬ ▬ ▬▬▬ ▬▬ ▬▬▬▬
▬▬ ▬▬▬▬ ▬ ▬▬▬ ▬▬ ▬▬▬▬ ▬ ▬▬▬ ▬▬ ▬▬▬▬
▬▬▬▬ ▬ ▬▬▬ ▬▬ ▬▬▬▬ ▬ ▬▬▬ ▬▬ ▬▬▬▬
▬ ▬▬▬ ▬▬ ▬▬▬▬ ▬ ▬▬▬ ▬▬ ▬▬▬▬ ▬ ▬▬▬ ▬▬ ▬▬▬▬
▬▬▬ ▬▬ ▬▬▬▬ ▬ ▬▬▬ ▬▬ ▬▬▬▬ ▬ ▬▬▬ ▬▬ ▬▬▬▬
▬▬ ▬▬▬▬ ▬ ▬▬▬ ▬▬ ▬▬▬▬ ▬ ▬▬▬ ▬▬ ▬▬▬▬
▬▬▬▬ ▬ ▬▬▬ ▬▬ ▬▬▬▬ ▬ ▬▬▬ ▬▬ ▬▬▬▬
▬ ▬▬▬ ▬▬ ▬▬▬▬ ▬ ▬▬▬ ▬▬ ▬▬▬▬ ▬ ▬▬▬ ▬▬ ▬▬▬▬
▬▬▬ ▬▬ ▬▬▬▬ ▬ ▬▬▬ ▬▬ ▬▬▬▬ ▬ ▬▬▬ ▬▬ ▬▬▬▬
▬▬ ▬▬▬▬ ▬ ▬▬▬ ▬▬ ▬▬▬▬ ▬ ▬▬▬ ▬▬ ▬▬▬▬
▬▬▬▬ ▬ ▬▬▬ ▬▬ ▬▬▬▬ ▬ ▬▬▬ ▬▬ ▬▬▬▬
▬ ▬▬▬ ▬▬ ▬▬▬▬ ▬ ▬▬▬ ▬▬ ▬▬▬▬ ▬ ▬▬▬ ▬▬ ▬▬▬▬
▬▬▬ ▬▬ ▬▬▬▬ ▬ ▬▬▬ ▬▬ ▬▬▬▬ ▬ ▬▬▬ ▬▬ ▬▬▬▬
▬▬ ▬▬▬▬ ▬ ▬▬▬ ▬▬ ▬▬▬▬ ▬ ▬▬▬ ▬▬ ▬▬▬▬
▬▬▬▬ ▬ ▬▬▬ ▬▬ ▬▬▬▬ ▬ ▬▬▬ ▬▬ ▬▬▬▬
▬ ▬▬▬ ▬▬ ▬▬▬▬ ▬ ▬▬▬ ▬▬ ▬▬▬▬ ▬ ▬▬▬ ▬▬ ▬▬▬▬
▬▬▬ ▬▬ ▬▬▬▬ ▬ ▬▬▬ ▬▬ ▬▬▬▬ ▬ ▬▬▬ ▬▬ ▬▬▬▬
▬▬ ▬▬▬▬ ▬ ▬▬▬ ▬▬ ▬▬▬▬ ▬ ▬▬▬ ▬▬ ▬▬▬▬
▬▬▬▬ ▬ ▬▬▬ ▬▬ ▬▬▬▬ ▬ ▬▬▬ ▬▬ ▬▬▬▬
REXONA SOAP FOR TENDER SKINS.
Rexona Shaving Soap produces a thick creamy lather, soothes tender skins, and makes a shave worth while.
▬▬ ▬▬▬▬ ▬ ▬▬▬ ▬▬ ▬▬▬▬ ▬ ▬▬▬ ▬▬ ▬▬▬▬
▬▬▬▬ ▬ ▬▬▬ ▬▬ ▬▬▬▬ ▬ ▬▬▬ ▬▬ ▬▬▬▬
▬ ▬▬▬ ▬▬ ▬▬▬▬ ▬ ▬▬▬ ▬▬ ▬▬▬▬ ▬ ▬▬▬ ▬▬ ▬▬▬▬
▬▬▬ ▬▬ ▬▬▬▬ ▬ ▬▬▬ ▬▬ ▬▬▬▬ ▬ ▬▬▬ ▬▬ ▬▬▬▬
▬▬ ▬▬▬▬ ▬ ▬▬▬ ▬▬ ▬▬▬▬ ▬ ▬▬▬ ▬▬ ▬▬▬▬
▬▬▬▬ ▬ ▬▬▬ ▬▬ ▬▬▬▬ ▬ ▬▬▬ ▬▬ ▬▬▬▬
▬ ▬▬▬ ▬▬ ▬▬▬▬ ▬ ▬▬▬ ▬▬ ▬▬▬▬ ▬ ▬▬▬ ▬▬ ▬▬▬▬
▬▬▬ ▬▬ ▬▬▬▬ ▬ ▬▬▬ ▬▬ ▬▬▬▬ ▬ ▬▬▬ ▬▬ ▬▬▬▬
▬▬ ▬▬▬▬ ▬ ▬▬▬ ▬▬ ▬▬▬▬ ▬ ▬▬▬ ▬▬ ▬▬▬▬
▬▬▬▬ ▬ ▬▬▬ ▬▬ ▬▬▬▬ ▬ ▬▬▬ ▬▬ ▬▬▬▬
▬ ▬▬▬ ▬▬ ▬▬▬▬ ▬ ▬▬▬ ▬▬ ▬▬▬▬ ▬ ▬▬▬ ▬▬ ▬▬▬▬
▬▬▬ ▬▬ ▬▬▬▬ ▬ ▬▬▬ ▬▬ ▬▬▬▬ ▬ ▬▬▬ ▬▬ ▬▬▬▬
▬▬ ▬▬▬▬ ▬ ▬▬▬ ▬▬ ▬▬▬▬ ▬ ▬▬▬ ▬▬ ▬▬▬▬
▬▬▬▬ ▬ ▬▬▬ ▬▬ ▬▬▬▬ ▬ ▬▬▬ ▬▬ ▬▬▬▬
▬ ▬▬▬ ▬▬ ▬▬▬▬ ▬ ▬▬▬ ▬▬ ▬▬▬▬ ▬ ▬▬▬ ▬▬ ▬▬▬▬
▬▬▬ ▬▬ ▬▬▬▬ ▬ ▬▬▬ ▬▬ ▬▬▬▬ ▬ ▬▬▬ ▬▬ ▬▬▬▬
▬▬ ▬▬▬▬ ▬ ▬▬▬ ▬▬ ▬▬▬▬ ▬ ▬▬▬ ▬▬ ▬▬▬▬
▬▬▬▬ ▬ ▬▬▬ ▬▬ ▬▬▬▬ ▬ ▬▬▬ ▬▬ ▬▬▬▬
▬ ▬▬▬ ▬▬ ▬▬▬▬ ▬ ▬▬▬ ▬▬ ▬▬▬▬ ▬ ▬▬▬ ▬▬ ▬▬▬▬
▬▬▬ ▬▬ ▬▬▬▬ ▬ ▬▬▬ ▬▬ ▬▬▬▬ ▬ ▬▬▬ ▬▬ ▬▬▬▬
▬▬ ▬▬▬▬ ▬ ▬▬▬ ▬▬ ▬▬▬▬ ▬ ▬▬▬ ▬▬ ▬▬▬▬
▬▬▬▬ ▬ ▬▬▬ ▬▬ ▬▬▬▬ ▬ ▬▬▬ ▬▬ ▬▬▬▬
▬ ▬▬▬ ▬▬ ▬▬▬▬ ▬ ▬▬▬ ▬▬ ▬▬▬▬ ▬ ▬▬▬ ▬▬ ▬▬▬▬
▬▬▬ ▬▬ ▬▬▬▬ ▬ ▬▬▬ ▬▬ ▬▬▬▬ ▬ ▬▬▬ ▬▬ ▬▬▬▬
▬▬ ▬▬▬▬ ▬ ▬▬▬ ▬▬ ▬▬▬▬ ▬ ▬▬▬ ▬▬ ▬▬▬▬
▬▬▬▬ ▬ ▬▬▬ ▬▬ ▬▬▬▬ ▬ ▬▬▬ ▬▬ ▬▬▬▬
▬ ▬▬▬ ▬▬ ▬▬▬▬ ▬ ▬▬▬ ▬▬ ▬▬▬▬ ▬ ▬▬▬ ▬▬ ▬▬▬▬
▬▬▬ ▬▬ ▬▬▬▬ ▬ ▬▬▬ ▬▬ ▬▬▬▬ ▬ ▬▬▬ ▬▬ ▬▬▬▬
▬▬ ▬▬▬▬ ▬ ▬▬▬ ▬▬ ▬▬▬▬ ▬ ▬▬▬ ▬▬ ▬▬▬▬
▬▬▬▬ ▬ ▬▬▬ ▬▬ ▬▬▬▬ ▬ ▬▬▬ ▬▬ ▬▬▬▬
▬ ▬▬▬ ▬▬ ▬▬▬▬ ▬ ▬▬▬ ▬▬ ▬▬▬▬ ▬ ▬▬▬ ▬▬ ▬▬▬▬
AIRSHIP DISASTER
BURSTS IN MID-AIR.
FORTY-FOUR KILLED.
SHIP BREAKS IN TWO.
FIRE FOLLOWS EXPLOSIONS.
A terrible airship disaster, involving the deaths of 44 men, occurred over the city of Hull, in Yorkshire. R38, the biggest airship yet built, which was to fly from England to America, was sailing over Hull on a trial voyage.
▬▬▬▬ ▬ ▬▬▬ ▬▬ ▬▬▬▬ ▬ ▬▬▬ ▬▬ ▬▬▬▬ ▬ ▬▬▬
▬ ▬▬▬ ▬▬ ▬▬▬▬ ▬ ▬▬▬ ▬▬ ▬▬▬▬ ▬ ▬▬▬
▬▬▬ ▬▬ ▬▬▬▬ ▬ ▬▬▬ ▬▬ ▬▬▬▬ ▬ ▬▬▬
▬▬ ▬▬▬▬ ▬ ▬▬▬ ▬▬ ▬▬▬▬ ▬ ▬▬▬ ▬▬ ▬▬▬▬ ▬ ▬▬▬
▬▬▬▬ ▬ ▬▬▬ ▬▬ ▬▬▬▬ ▬ ▬▬▬ ▬▬ ▬▬▬▬ ▬ ▬▬▬
▬ ▬▬▬ ▬▬ ▬▬▬▬ ▬ ▬▬▬ ▬▬ ▬▬▬▬ ▬ ▬▬▬
▬▬▬ ▬▬ ▬▬▬▬ ▬ ▬▬▬ ▬▬ ▬▬▬▬ ▬ ▬▬▬
▬▬ ▬▬▬▬ ▬ ▬▬▬ ▬▬ ▬▬▬▬ ▬ ▬▬▬ ▬▬ ▬▬▬▬ ▬ ▬▬▬
▬▬▬▬ ▬ ▬▬▬ ▬▬ ▬▬▬▬ ▬ ▬▬▬ ▬▬ ▬▬▬▬ ▬ ▬▬▬
▬ ▬▬▬ ▬▬ ▬▬▬▬ ▬ ▬▬▬ ▬▬ ▬▬▬▬ ▬ ▬▬▬
▬▬▬ ▬▬ ▬▬▬▬ ▬ ▬▬▬ ▬▬ ▬▬▬▬ ▬ ▬▬▬
▬▬ ▬▬▬▬ ▬ ▬▬▬ ▬▬ ▬▬▬▬ ▬ ▬▬▬ ▬▬ ▬▬▬▬ ▬ ▬▬▬
▬▬▬▬ ▬ ▬▬▬ ▬▬ ▬▬▬▬ ▬ ▬▬▬ ▬▬ ▬▬▬▬ ▬ ▬▬▬
▬ ▬▬▬ ▬▬ ▬▬▬▬ ▬ ▬▬▬ ▬▬ ▬▬▬▬ ▬ ▬▬▬
▬▬▬ ▬▬ ▬▬▬▬ ▬ ▬▬▬ ▬▬ ▬▬▬▬ ▬ ▬▬▬
▬▬ ▬▬▬▬ ▬ ▬▬▬ ▬▬ ▬▬▬▬ ▬ ▬▬▬ ▬▬ ▬▬▬▬ ▬ ▬▬▬
▬▬▬▬ ▬ ▬▬▬ ▬▬ ▬▬▬▬ ▬ ▬▬▬ ▬▬ ▬▬▬▬ ▬ ▬▬▬
▬ ▬▬▬ ▬▬ ▬▬▬▬ ▬ ▬▬▬ ▬▬ ▬▬▬▬ ▬ ▬▬▬
SCENE IN THE AIR.
THOUSANDS WATCH DISASTER.
A TERRIBLE DEATH.
TERRIFIC EXPLOSIONS.
By Telegraph—Press Assn.—Copyright.
Received August 25, 5.5 p.m. London, August 24.
R38, a big airship built in England for America, with her silver coat glistening in the sun, was sailing above Hull, apparently in perfect safety.
▬▬▬▬ ▬ ▬▬▬ ▬▬ ▬▬▬▬ ▬ ▬▬▬ ▬▬ ▬▬▬▬ ▬ ▬▬▬
▬ ▬▬▬ ▬▬ ▬▬▬▬ ▬ ▬▬▬ ▬▬ ▬▬▬▬ ▬ ▬▬▬
▬▬▬ ▬▬ ▬▬▬▬ ▬ ▬▬▬ ▬▬ ▬▬▬▬ ▬ ▬▬▬
▬▬ ▬▬▬▬ ▬ ▬▬▬ ▬▬ ▬▬▬▬ ▬ ▬▬▬ ▬▬ ▬▬▬▬ ▬ ▬▬▬
▬▬▬▬ ▬ ▬▬▬ ▬▬ ▬▬▬▬ ▬ ▬▬▬ ▬▬ ▬▬▬▬ ▬ ▬▬▬
▬ ▬▬▬ ▬▬ ▬▬▬▬ ▬ ▬▬▬ ▬▬ ▬▬▬▬ ▬ ▬▬▬
▬▬▬ ▬▬ ▬▬▬▬ ▬ ▬▬▬ ▬▬ ▬▬▬▬ ▬ ▬▬▬
▬▬ ▬▬▬▬ ▬ ▬▬▬ ▬▬ ▬▬▬▬ ▬ ▬▬▬ ▬▬ ▬▬▬▬ ▬ ▬▬▬
▬▬▬▬ ▬ ▬▬▬ ▬▬ ▬▬▬▬ ▬ ▬▬▬ ▬▬ ▬▬▬▬ ▬ ▬▬▬
▬ ▬▬▬ ▬▬ ▬▬▬▬ ▬ ▬▬▬ ▬▬ ▬▬▬▬ ▬ ▬▬▬
▬▬▬ ▬▬ ▬▬▬▬ ▬ ▬▬▬ ▬▬ ▬▬▬▬ ▬ ▬▬▬
▬▬ ▬▬▬▬ ▬ ▬▬▬ ▬▬ ▬▬▬▬ ▬ ▬▬▬ ▬▬ ▬▬▬▬ ▬ ▬▬▬
▬▬▬▬ ▬ ▬▬▬ ▬▬ ▬▬▬▬ ▬ ▬▬▬ ▬▬ ▬▬▬▬ ▬ ▬▬▬
▬ ▬▬▬ ▬▬ ▬▬▬▬ ▬ ▬▬▬ ▬▬ ▬▬▬▬ ▬ ▬▬▬
▬▬▬ ▬▬ ▬▬▬▬ ▬ ▬▬▬ ▬▬ ▬▬▬▬ ▬ ▬▬▬
▬▬ ▬▬▬▬ ▬ ▬▬▬ ▬▬ ▬▬▬▬ ▬ ▬▬▬ ▬▬ ▬▬▬▬ ▬ ▬▬▬
▬▬▬▬ ▬ ▬▬▬ ▬▬ ▬▬▬▬ ▬ ▬▬▬ ▬▬ ▬▬▬▬ ▬ ▬▬▬
▬ ▬▬▬ ▬▬ ▬▬▬▬ ▬ ▬▬▬ ▬▬ ▬▬▬▬ ▬ ▬▬▬
▬▬▬ ▬▬ ▬▬▬▬ ▬ ▬▬▬ ▬▬ ▬▬▬▬ ▬ ▬▬▬
▬▬ ▬▬▬▬ ▬ ▬▬▬ ▬▬ ▬▬▬▬ ▬ ▬▬▬ ▬▬ ▬▬▬▬ ▬ ▬▬▬
▬▬▬▬ ▬ ▬▬▬ ▬▬ ▬▬▬▬ ▬ ▬▬▬ ▬▬ ▬▬▬▬ ▬ ▬▬▬
▬ ▬▬▬ ▬▬ ▬▬▬▬ ▬ ▬▬▬ ▬▬ ▬▬▬▬ ▬ ▬▬▬
▬▬▬ ▬▬ ▬▬▬▬ ▬ ▬▬▬ ▬▬ ▬▬▬▬ ▬ ▬▬▬
SURVIVOR'S STORY.
There were about 49 persons on board, and it is feared there will be heavy loss of life. Three parachutes were seen to leave the airship.
▬▬▬▬ ▬ ▬▬▬ ▬▬ ▬▬▬▬ ▬ ▬▬▬ ▬▬ ▬▬▬▬ ▬ ▬▬▬
▬ ▬▬▬ ▬▬ ▬▬▬▬ ▬ ▬▬▬ ▬▬ ▬▬▬▬ ▬ ▬▬▬
▬▬▬ ▬▬ ▬▬▬▬ ▬ ▬▬▬ ▬▬ ▬▬▬▬ ▬ ▬▬▬
▬▬ ▬▬▬▬ ▬ ▬▬▬ ▬▬ ▬▬▬▬ ▬ ▬▬▬ ▬▬ ▬▬▬▬ ▬ ▬▬▬
▬▬▬▬ ▬ ▬▬▬ ▬▬ ▬▬▬▬ ▬ ▬▬▬ ▬▬ ▬▬▬▬ ▬ ▬▬▬
▬ ▬▬▬ ▬▬ ▬▬▬▬ ▬ ▬▬▬ ▬▬ ▬▬▬▬ ▬ ▬▬▬
▬▬▬ ▬▬ ▬▬▬▬ ▬ ▬▬▬ ▬▬ ▬▬▬▬ ▬ ▬▬▬
▬▬ ▬▬▬▬ ▬ ▬▬▬ ▬▬ ▬▬▬▬ ▬ ▬▬▬ ▬▬ ▬▬▬▬ ▬ ▬▬▬
▬▬▬▬ ▬ ▬▬▬ ▬▬ ▬▬▬▬ ▬ ▬▬▬ ▬▬ ▬▬▬▬ ▬ ▬▬▬
▬ ▬▬▬ ▬▬ ▬▬▬▬ ▬ ▬▬▬ ▬▬ ▬▬▬▬ ▬ ▬▬▬
▬▬▬ ▬▬ ▬▬▬▬ ▬ ▬▬▬ ▬▬ ▬▬▬▬ ▬ ▬▬▬
▬▬ ▬▬▬▬ ▬ ▬▬▬ ▬▬ ▬▬▬▬ ▬ ▬▬▬ ▬▬ ▬▬▬▬ ▬ ▬▬▬
▬▬▬▬ ▬ ▬▬▬ ▬▬ ▬▬▬▬ ▬ ▬▬▬ ▬▬ ▬▬▬▬ ▬ ▬▬▬
▬ ▬▬▬ ▬▬ ▬▬▬▬ ▬ ▬▬▬ ▬▬ ▬▬▬▬ ▬ ▬▬▬
▬▬▬ ▬▬ ▬▬▬▬ ▬ ▬▬▬ ▬▬ ▬▬▬▬ ▬ ▬▬▬
▬▬ ▬▬▬▬ ▬ ▬▬▬ ▬▬ ▬▬▬▬ ▬ ▬▬▬ ▬▬ ▬▬▬▬ ▬ ▬▬▬
▬▬▬▬ ▬ ▬▬▬ ▬▬ ▬▬▬▬ ▬ ▬▬▬ ▬▬ ▬▬▬▬ ▬ ▬▬▬
▬ ▬▬▬ ▬▬ ▬▬▬▬ ▬ ▬▬▬ ▬▬ ▬▬▬▬ ▬ ▬▬▬
▬▬▬ ▬▬ ▬▬▬▬ ▬ ▬▬▬ ▬▬ ▬▬▬▬ ▬ ▬▬▬
▬▬ ▬▬▬▬ ▬ ▬▬▬ ▬▬ ▬▬▬▬ ▬ ▬▬▬ ▬▬ ▬▬▬▬ ▬ ▬▬▬
▬▬▬▬ ▬ ▬▬▬ ▬▬ ▬▬▬▬ ▬ ▬▬▬ ▬▬ ▬▬▬▬ ▬ ▬▬▬
▬ ▬▬▬ ▬▬ ▬▬▬▬ ▬ ▬▬▬ ▬▬ ▬▬▬▬ ▬ ▬▬▬
▬▬▬ ▬▬ ▬▬▬▬ ▬ ▬▬▬ ▬▬ ▬▬▬▬ ▬ ▬▬▬
▬▬ ▬▬▬▬ ▬ ▬▬▬ ▬▬ ▬▬▬▬ ▬ ▬▬▬ ▬▬ ▬▬▬▬ ▬ ▬▬▬
▬▬▬▬ ▬ ▬▬▬ ▬▬ ▬▬▬▬ ▬ ▬▬▬ ▬▬ ▬▬▬▬ ▬ ▬▬▬
▬ ▬▬▬ ▬▬ ▬▬▬▬ ▬ ▬▬▬ ▬▬ ▬▬▬▬ ▬ ▬▬▬
▬▬▬ ▬▬ ▬▬▬▬ ▬ ▬▬▬ ▬▬ ▬▬▬▬ ▬ ▬▬▬
▬▬ ▬▬▬▬ ▬ ▬▬▬ ▬▬ ▬▬▬▬ ▬ ▬▬▬ ▬▬ ▬▬▬▬ ▬ ▬▬▬
PERILS OF RESCUE.
Thousands of people rushed to a pier near the spot where the wreckage lay. Tugs and small boats hurried to render assistance.
▬▬▬▬ ▬ ▬▬▬ ▬▬ ▬▬▬▬ ▬ ▬▬▬ ▬▬ ▬▬▬▬ ▬ ▬▬▬
▬ ▬▬▬ ▬▬ ▬▬▬▬ ▬ ▬▬▬ ▬▬ ▬▬▬▬ ▬ ▬▬▬
▬▬▬ ▬▬ ▬▬▬▬ ▬ ▬▬▬ ▬▬ ▬▬▬▬ ▬ ▬▬▬
▬▬ ▬▬▬▬ ▬ ▬▬▬ ▬▬ ▬▬▬▬ ▬ ▬▬▬ ▬▬ ▬▬▬▬ ▬ ▬▬▬
▬▬▬▬ ▬ ▬▬▬ ▬▬ ▬▬▬▬ ▬ ▬▬▬ ▬▬ ▬▬▬▬ ▬ ▬▬▬
▬ ▬▬▬ ▬▬ ▬▬▬▬ ▬ ▬▬▬ ▬▬ ▬▬▬▬ ▬ ▬▬▬
▬▬▬ ▬▬ ▬▬▬▬ ▬ ▬▬▬ ▬▬ ▬▬▬▬ ▬ ▬▬▬
▬▬ ▬▬▬▬ ▬ ▬▬▬ ▬▬ ▬▬▬▬ ▬ ▬▬▬ ▬▬ ▬▬▬▬ ▬ ▬▬▬
▬▬▬▬ ▬ ▬▬▬ ▬▬ ▬▬▬▬ ▬ ▬▬▬ ▬▬ ▬▬▬▬ ▬ ▬▬▬
▬ ▬▬▬ ▬▬ ▬▬▬▬ ▬ ▬▬▬ ▬▬ ▬▬▬▬ ▬ ▬▬▬
▬▬▬ ▬▬ ▬▬▬▬ ▬ ▬▬▬ ▬▬ ▬▬▬▬ ▬ ▬▬▬
▬▬ ▬▬▬▬ ▬ ▬▬▬ ▬▬ ▬▬▬▬ ▬ ▬▬▬ ▬▬ ▬▬▬▬ ▬ ▬▬▬
▬▬▬▬ ▬ ▬▬▬ ▬▬ ▬▬▬▬ ▬ ▬▬▬ ▬▬ ▬▬▬▬ ▬ ▬▬▬
▬ ▬▬▬ ▬▬ ▬▬▬▬ ▬ ▬▬▬ ▬▬ ▬▬▬▬ ▬ ▬▬▬
▬▬▬ ▬▬ ▬▬▬▬ ▬ ▬▬▬ ▬▬ ▬▬▬▬ ▬ ▬▬▬
▬▬ ▬▬▬▬ ▬ ▬▬▬ ▬▬ ▬▬▬▬ ▬ ▬▬▬ ▬▬ ▬▬▬▬ ▬ ▬▬▬
▬▬▬▬ ▬ ▬▬▬ ▬▬ ▬▬▬▬ ▬ ▬▬▬ ▬▬ ▬▬▬▬ ▬ ▬▬▬
▬ ▬▬▬ ▬▬ ▬▬▬▬ ▬ ▬▬▬ ▬▬ ▬▬▬▬ ▬ ▬▬▬
▬▬▬ ▬▬ ▬▬▬▬ ▬ ▬▬▬ ▬▬ ▬▬▬▬ ▬ ▬▬▬
ESCAPE BY PARACHUTES.
An eye-witness on the ground says that when it was apparent that the ship was cracking up in the middle two engineers working at a gondola made for safety.
▬▬▬▬ ▬ ▬▬▬ ▬▬ ▬▬▬▬ ▬ ▬▬▬ ▬▬ ▬▬▬▬ ▬ ▬▬▬
▬ ▬▬▬ ▬▬ ▬▬▬▬ ▬ ▬▬▬ ▬▬ ▬▬▬▬ ▬ ▬▬▬
▬▬▬ ▬▬ ▬▬▬▬ ▬ ▬▬▬ ▬▬ ▬▬▬▬ ▬ ▬▬▬
▬▬ ▬▬▬▬ ▬ ▬▬▬ ▬▬ ▬▬▬▬ ▬ ▬▬▬ ▬▬ ▬▬▬▬ ▬ ▬▬▬
▬▬▬▬ ▬ ▬▬▬ ▬▬ ▬▬▬▬ ▬ ▬▬▬ ▬▬ ▬▬▬▬ ▬ ▬▬▬
▬ ▬▬▬ ▬▬ ▬▬▬▬ ▬ ▬▬▬ ▬▬ ▬▬▬▬ ▬ ▬▬▬
▬▬▬ ▬▬ ▬▬▬▬ ▬ ▬▬▬ ▬▬ ▬▬▬▬ ▬ ▬▬▬
▬▬ ▬▬▬▬ ▬ ▬▬▬ ▬▬ ▬▬▬▬ ▬ ▬▬▬ ▬▬ ▬▬▬▬ ▬ ▬▬▬
▬▬▬▬ ▬ ▬▬▬ ▬▬ ▬▬▬▬ ▬ ▬▬▬ ▬▬ ▬▬▬▬ ▬ ▬▬▬
▬ ▬▬▬ ▬▬ ▬▬▬▬ ▬ ▬▬▬ ▬▬ ▬▬▬▬ ▬ ▬▬▬
▬▬▬ ▬▬ ▬▬▬▬ ▬ ▬▬▬ ▬▬ ▬▬▬▬ ▬ ▬▬▬
▬▬ ▬▬▬▬ ▬ ▬▬▬ ▬▬ ▬▬▬▬ ▬ ▬▬▬ ▬▬ ▬▬▬▬ ▬ ▬▬▬
▬▬▬▬ ▬ ▬▬▬ ▬▬ ▬▬▬▬ ▬ ▬▬▬ ▬▬ ▬▬▬▬ ▬ ▬▬▬
▬ ▬▬▬ ▬▬ ▬▬▬▬ ▬ ▬▬▬ ▬▬ ▬▬▬▬ ▬ ▬▬▬
▬▬▬ ▬▬ ▬▬▬▬ ▬ ▬▬▬ ▬▬ ▬▬▬▬ ▬ ▬▬▬
▬▬ ▬▬▬▬ ▬ ▬▬▬ ▬▬ ▬▬▬▬ ▬ ▬▬▬ ▬▬ ▬▬▬▬ ▬ ▬▬▬
▬▬▬▬ ▬ ▬▬▬ ▬▬ ▬▬▬▬ ▬ ▬▬▬ ▬▬ ▬▬▬▬ ▬ ▬▬▬
▬ ▬▬▬ ▬▬ ▬▬▬▬ ▬ ▬▬▬ ▬▬ ▬▬▬▬ ▬ ▬▬▬
▬▬▬ ▬▬ ▬▬▬▬ ▬ ▬▬▬ ▬▬ ▬▬▬▬ ▬ ▬▬▬
▬▬ ▬▬▬▬ ▬ ▬▬▬ ▬▬ ▬▬▬▬ ▬ ▬▬▬ ▬▬ ▬▬▬▬ ▬ ▬▬▬
▬▬▬▬ ▬ ▬▬▬ ▬▬ ▬▬▬▬ ▬ ▬▬▬ ▬▬ ▬▬▬▬ ▬ ▬▬▬
▬ ▬▬▬ ▬▬ ▬▬▬▬ ▬ ▬▬▬ ▬▬ ▬▬▬▬ ▬ ▬▬▬
▬▬▬ ▬▬ ▬▬▬▬ ▬ ▬▬▬ ▬▬ ▬▬▬▬ ▬ ▬▬▬
▬▬ ▬▬▬▬ ▬ ▬▬▬ ▬▬ ▬▬▬▬ ▬ ▬▬▬ ▬▬ ▬▬▬▬ ▬ ▬▬▬
WORSE DISASTER AVERTED.
The Daily Chronicle correspondent says he was watching the airship as the long, graceful shape came out from a light summer cloud.
▬ ▬▬▬ ▬▬ ▬▬▬▬ ▬ ▬▬▬ ▬▬ ▬▬▬▬ ▬ ▬▬▬ ▬▬ ▬▬▬▬
▬▬▬ ▬▬ ▬▬▬▬ ▬ ▬▬▬ ▬▬ ▬▬▬▬ ▬ ▬▬▬ ▬▬ ▬▬▬▬
▬▬ ▬▬▬▬ ▬ ▬▬▬ ▬▬ ▬▬▬▬ ▬ ▬▬▬ ▬▬ ▬▬▬▬
▬▬▬▬ ▬ ▬▬▬ ▬▬ ▬▬▬▬ ▬ ▬▬▬ ▬▬ ▬▬▬▬
▬ ▬▬▬ ▬▬ ▬▬▬▬ ▬ ▬▬▬ ▬▬ ▬▬▬▬ ▬ ▬▬▬ ▬▬ ▬▬▬▬
▬▬▬ ▬▬ ▬▬▬▬ ▬ ▬▬▬ ▬▬ ▬▬▬▬ ▬ ▬▬▬ ▬▬ ▬▬▬▬
▬▬ ▬▬▬▬ ▬ ▬▬▬ ▬▬ ▬▬▬▬ ▬ ▬▬▬ ▬▬ ▬▬▬▬
▬▬▬▬ ▬ ▬▬▬ ▬▬ ▬▬▬▬ ▬ ▬▬▬ ▬▬ ▬▬▬▬
▬ ▬▬▬ ▬▬ ▬▬▬▬ ▬ ▬▬▬ ▬▬ ▬▬▬▬ ▬ ▬▬▬ ▬▬ ▬▬▬▬
▬▬▬ ▬▬ ▬▬▬▬ ▬ ▬▬▬ ▬▬ ▬▬▬▬ ▬ ▬▬▬ ▬▬ ▬▬▬▬
▬▬ ▬▬▬▬ ▬ ▬▬▬ ▬▬ ▬▬▬▬ ▬ ▬▬▬ ▬▬ ▬▬▬▬
▬▬▬▬ ▬ ▬▬▬ ▬▬ ▬▬▬▬ ▬ ▬▬▬ ▬▬ ▬▬▬▬
▬ ▬▬▬ ▬▬ ▬▬▬▬ ▬ ▬▬▬ ▬▬ ▬▬▬▬ ▬ ▬▬▬ ▬▬ ▬▬▬▬
▬▬▬ ▬▬ ▬▬▬▬ ▬ ▬▬▬ ▬▬ ▬▬▬▬ ▬ ▬▬▬ ▬▬ ▬▬▬▬
▬▬ ▬▬▬▬ ▬ ▬▬▬ ▬▬ ▬▬▬▬ ▬ ▬▬▬ ▬▬ ▬▬▬▬
▬▬▬▬ ▬ ▬▬▬ ▬▬ ▬▬▬▬ ▬ ▬▬▬ ▬▬ ▬▬▬▬
▬ ▬▬▬ ▬▬ ▬▬▬▬ ▬ ▬▬▬ ▬▬ ▬▬▬▬ ▬ ▬▬▬ ▬▬ ▬▬▬▬
▬▬▬ ▬▬ ▬▬▬▬ ▬ ▬▬▬ ▬▬ ▬▬▬▬ ▬ ▬▬▬ ▬▬ ▬▬▬▬
▬▬ ▬▬▬▬ ▬ ▬▬▬ ▬▬ ▬▬▬▬ ▬ ▬▬▬ ▬▬ ▬▬▬▬
▬▬▬▬ ▬ ▬▬▬ ▬▬ ▬▬▬▬ ▬ ▬▬▬ ▬▬ ▬▬▬▬
▬ ▬▬▬ ▬▬ ▬▬▬▬ ▬ ▬▬▬ ▬▬ ▬▬▬▬ ▬ ▬▬▬ ▬▬ ▬▬▬▬
▬▬▬ ▬▬ ▬▬▬▬ ▬ ▬▬▬ ▬▬ ▬▬▬▬ ▬ ▬▬▬ ▬▬ ▬▬▬▬
▬▬ ▬▬▬▬ ▬ ▬▬▬ ▬▬ ▬▬▬▬ ▬ ▬▬▬ ▬▬ ▬▬▬▬
▬▬▬▬ ▬ ▬▬▬ ▬▬ ▬▬▬▬ ▬ ▬▬▬ ▬▬ ▬▬▬▬
▬ ▬▬▬ ▬▬ ▬▬▬▬ ▬ ▬▬▬ ▬▬ ▬▬▬▬ ▬ ▬▬▬ ▬▬ ▬▬▬▬
"A TERRIBLE TIME."
The correspondent continues: The first man brought ashore was unconscious, but the second was smoking a cigarette.
▬ ▬▬▬ ▬▬ ▬▬▬▬ ▬ ▬▬▬ ▬▬ ▬▬▬▬ ▬ ▬▬▬ ▬▬ ▬▬▬▬
▬▬▬ ▬▬ ▬▬▬▬ ▬ ▬▬▬ ▬▬ ▬▬▬▬ ▬ ▬▬▬ ▬▬ ▬▬▬▬
▬▬ ▬▬▬▬ ▬ ▬▬▬ ▬▬ ▬▬▬▬ ▬ ▬▬▬ ▬▬ ▬▬▬▬
▬▬▬▬ ▬ ▬▬▬ ▬▬ ▬▬▬▬ ▬ ▬▬▬ ▬▬ ▬▬▬▬
▬ ▬▬▬ ▬▬ ▬▬▬▬ ▬ ▬▬▬ ▬▬ ▬▬▬▬ ▬ ▬▬▬ ▬▬ ▬▬▬▬
▬▬▬ ▬▬ ▬▬▬▬ ▬ ▬▬▬ ▬▬ ▬▬▬▬ ▬ ▬▬▬ ▬▬ ▬▬▬▬
▬▬ ▬▬▬▬ ▬ ▬▬▬ ▬▬ ▬▬▬▬ ▬ ▬▬▬ ▬▬ ▬▬▬▬
▬▬▬▬ ▬ ▬▬▬ ▬▬ ▬▬▬▬ ▬ ▬▬▬ ▬▬ ▬▬▬▬
▬ ▬▬▬ ▬▬ ▬▬▬▬ ▬ ▬▬▬ ▬▬ ▬▬▬▬ ▬ ▬▬▬ ▬▬ ▬▬▬▬
▬▬▬ ▬▬ ▬▬▬▬ ▬ ▬▬▬ ▬▬ ▬▬▬▬ ▬ ▬▬▬ ▬▬ ▬▬▬▬
▬▬ ▬▬▬▬ ▬ ▬▬▬ ▬▬ ▬▬▬▬ ▬ ▬▬▬ ▬▬ ▬▬▬▬
▬▬▬▬ ▬ ▬▬▬ ▬▬ ▬▬▬▬ ▬ ▬▬▬ ▬▬ ▬▬▬▬
▬ ▬▬▬ ▬▬ ▬▬▬▬ ▬ ▬▬▬ ▬▬ ▬▬▬▬ ▬ ▬▬▬ ▬▬ ▬▬▬▬
▬▬▬ ▬▬ ▬▬▬▬ ▬ ▬▬▬ ▬▬ ▬▬▬▬ ▬ ▬▬▬ ▬▬ ▬▬▬▬
▬▬ ▬▬▬▬ ▬ ▬▬▬ ▬▬ ▬▬▬▬ ▬ ▬▬▬ ▬▬ ▬▬▬▬
▬▬▬▬ ▬ ▬▬▬ ▬▬ ▬▬▬▬ ▬ ▬▬▬ ▬▬ ▬▬▬▬
▬ ▬▬▬ ▬▬ ▬▬▬▬ ▬ ▬▬▬ ▬▬ ▬▬▬▬ ▬ ▬▬▬ ▬▬ ▬▬▬▬
▬▬▬ ▬▬ ▬▬▬▬ ▬ ▬▬▬ ▬▬ ▬▬▬▬ ▬ ▬▬▬ ▬▬ ▬▬▬▬
▬▬ ▬▬▬▬ ▬ ▬▬▬ ▬▬ ▬▬▬▬ ▬ ▬▬▬ ▬▬ ▬▬▬▬
▬▬▬▬ ▬ ▬▬▬ ▬▬ ▬▬▬▬ ▬ ▬▬▬ ▬▬ ▬▬▬▬
▬ ▬▬▬ ▬▬ ▬▬▬▬ ▬ ▬▬▬ ▬▬ ▬▬▬▬ ▬ ▬▬▬ ▬▬ ▬▬▬▬
▬▬▬ ▬▬ ▬▬▬▬ ▬ ▬▬▬ ▬▬ ▬▬▬▬ ▬ ▬▬▬ ▬▬ ▬▬▬▬
▬▬ ▬▬▬▬ ▬ ▬▬▬ ▬▬ ▬▬▬▬ ▬ ▬▬▬ ▬▬ ▬▬▬▬
▬▬▬▬ ▬ ▬▬▬ ▬▬ ▬▬▬▬ ▬ ▬▬▬ ▬▬ ▬▬▬▬
▬ ▬▬▬ ▬▬ ▬▬▬▬ ▬ ▬▬▬ ▬▬ ▬▬▬▬ ▬ ▬▬▬ ▬▬ ▬▬▬▬
▬▬▬ ▬▬ ▬▬▬▬ ▬ ▬▬▬ ▬▬ ▬▬▬▬ ▬ ▬▬▬ ▬▬ ▬▬▬▬
▬▬ ▬▬▬▬ ▬ ▬▬▬ ▬▬ ▬▬▬▬ ▬ ▬▬▬ ▬▬ ▬▬▬▬
▬▬▬▬ ▬ ▬▬▬ ▬▬ ▬▬▬▬ ▬ ▬▬▬ ▬▬ ▬▬▬▬
▬ ▬▬▬ ▬▬ ▬▬▬▬ ▬ ▬▬▬ ▬▬ ▬▬▬▬ ▬ ▬▬▬ ▬▬ ▬▬▬▬
▬▬▬ ▬▬ ▬▬▬▬ ▬ ▬▬▬ ▬▬ ▬▬▬▬ ▬ ▬▬▬ ▬▬ ▬▬▬▬
A PATHETIC ASPECT.
A pathetic fact is that no fewer than nine of the American naval airmen who formed an advance party came to take over the airship.
▬ ▬▬▬ ▬▬ ▬▬▬▬ ▬ ▬▬▬ ▬▬ ▬▬▬▬ ▬ ▬▬▬ ▬▬ ▬▬▬▬
▬▬▬ ▬▬ ▬▬▬▬ ▬ ▬▬▬ ▬▬ ▬▬▬▬ ▬ ▬▬▬ ▬▬ ▬▬▬▬
▬▬ ▬▬▬▬ ▬ ▬▬▬ ▬▬ ▬▬▬▬ ▬ ▬▬▬ ▬▬ ▬▬▬▬
▬▬▬▬ ▬ ▬▬▬ ▬▬ ▬▬▬▬ ▬ ▬▬▬ ▬▬ ▬▬▬▬
▬ ▬▬▬ ▬▬ ▬▬▬▬ ▬ ▬▬▬ ▬▬ ▬▬▬▬ ▬ ▬▬▬ ▬▬ ▬▬▬▬
▬▬▬ ▬▬ ▬▬▬▬ ▬ ▬▬▬ ▬▬ ▬▬▬▬ ▬ ▬▬▬ ▬▬ ▬▬▬▬
▬▬ ▬▬▬▬ ▬ ▬▬▬ ▬▬ ▬▬▬▬ ▬ ▬▬▬ ▬▬ ▬▬▬▬
▬▬▬▬ ▬ ▬▬▬ ▬▬ ▬▬▬▬ ▬ ▬▬▬ ▬▬ ▬▬▬▬
▬ ▬▬▬ ▬▬ ▬▬▬▬ ▬ ▬▬▬ ▬▬ ▬▬▬▬ ▬ ▬▬▬ ▬▬ ▬▬▬▬
▬▬▬ ▬▬ ▬▬▬▬ ▬ ▬▬▬ ▬▬ ▬▬▬▬ ▬ ▬▬▬ ▬▬ ▬▬▬▬
▬▬ ▬▬▬▬ ▬ ▬▬▬ ▬▬ ▬▬▬▬ ▬ ▬▬▬ ▬▬ ▬▬▬▬
▬▬▬▬ ▬ ▬▬▬ ▬▬ ▬▬▬▬ ▬ ▬▬▬ ▬▬ ▬▬▬▬
▬ ▬▬▬ ▬▬ ▬▬▬▬ ▬ ▬▬▬ ▬▬ ▬▬▬▬ ▬ ▬▬▬ ▬▬ ▬▬▬▬
▬▬▬ ▬▬ ▬▬▬▬ ▬ ▬▬▬ ▬▬ ▬▬▬▬ ▬ ▬▬▬ ▬▬ ▬▬▬▬
▬▬ ▬▬▬▬ ▬ ▬▬▬ ▬▬ ▬▬▬▬ ▬ ▬▬▬ ▬▬ ▬▬▬▬
▬▬▬▬ ▬ ▬▬▬ ▬▬ ▬▬▬▬ ▬ ▬▬▬ ▬▬ ▬▬▬▬
▬ ▬▬▬ ▬▬ ▬▬▬▬ ▬ ▬▬▬ ▬▬ ▬▬▬▬ ▬ ▬▬▬ ▬▬ ▬▬▬▬
▬▬▬ ▬▬ ▬▬▬▬ ▬ ▬▬▬ ▬▬ ▬▬▬▬ ▬ ▬▬▬ ▬▬ ▬▬▬▬
▬▬ ▬▬▬▬ ▬ ▬▬▬ ▬▬ ▬▬▬▬ ▬ ▬▬▬ ▬▬ ▬▬▬▬
▬▬▬▬ ▬ ▬▬▬ ▬▬ ▬▬▬▬ ▬ ▬▬▬ ▬▬ ▬▬▬▬
▬ ▬▬▬ ▬▬ ▬▬▬▬ ▬ ▬▬▬ ▬▬ ▬▬▬▬ ▬ ▬▬▬ ▬▬ ▬▬▬▬
THE NEWS IN AMERICA.
GRIEF AT THE DISASTER.
LOSS FALLS ON BRITAIN.
Received August 25, 11.50 p.m. New York, August 24.
The New York Times' Washington correspondent reports that aviation experts agree that if helium instead of inflammable gas had been used the R38 accident would not have resulted in the destruction of the airship.
▬ ▬▬▬ ▬▬ ▬▬▬▬ ▬ ▬▬▬ ▬▬ ▬▬▬▬ ▬ ▬▬▬ ▬▬ ▬▬▬▬
▬▬▬ ▬▬ ▬▬▬▬ ▬ ▬▬▬ ▬▬ ▬▬▬▬ ▬ ▬▬▬ ▬▬ ▬▬▬▬
▬▬ ▬▬▬▬ ▬ ▬▬▬ ▬▬ ▬▬▬▬ ▬ ▬▬▬ ▬▬ ▬▬▬▬
▬▬▬▬ ▬ ▬▬▬ ▬▬ ▬▬▬▬ ▬ ▬▬▬ ▬▬ ▬▬▬▬
▬ ▬▬▬ ▬▬ ▬▬▬▬ ▬ ▬▬▬ ▬▬ ▬▬▬▬ ▬ ▬▬▬ ▬▬ ▬▬▬▬
▬▬▬ ▬▬ ▬▬▬▬ ▬ ▬▬▬ ▬▬ ▬▬▬▬ ▬ ▬▬▬ ▬▬ ▬▬▬▬
▬▬ ▬▬▬▬ ▬ ▬▬▬ ▬▬ ▬▬▬▬ ▬ ▬▬▬ ▬▬ ▬▬▬▬
▬▬▬▬ ▬ ▬▬▬ ▬▬ ▬▬▬▬ ▬ ▬▬▬ ▬▬ ▬▬▬▬
▬ ▬▬▬ ▬▬ ▬▬▬▬ ▬ ▬▬▬ ▬▬ ▬▬▬▬ ▬ ▬▬▬ ▬▬ ▬▬▬▬
▬▬▬ ▬▬ ▬▬▬▬ ▬ ▬▬▬ ▬▬ ▬▬▬▬ ▬ ▬▬▬ ▬▬ ▬▬▬▬
▬▬ ▬▬▬▬ ▬ ▬▬▬ ▬▬ ▬▬▬▬ ▬ ▬▬▬ ▬▬ ▬▬▬▬
▬▬▬▬ ▬ ▬▬▬ ▬▬ ▬▬▬▬ ▬ ▬▬▬ ▬▬ ▬▬▬▬
▬ ▬▬▬ ▬▬ ▬▬▬▬ ▬ ▬▬▬ ▬▬ ▬▬▬▬ ▬ ▬▬▬ ▬▬ ▬▬▬▬
▬▬▬ ▬▬ ▬▬▬▬ ▬ ▬▬▬ ▬▬ ▬▬▬▬ ▬ ▬▬▬ ▬▬ ▬▬▬▬
▬▬ ▬▬▬▬ ▬ ▬▬▬ ▬▬ ▬▬▬▬ ▬ ▬▬▬ ▬▬ ▬▬▬▬
▬▬▬▬ ▬ ▬▬▬ ▬▬ ▬▬▬▬ ▬ ▬▬▬ ▬▬ ▬▬▬▬
▬ ▬▬▬ ▬▬ ▬▬▬▬ ▬ ▬▬▬ ▬▬ ▬▬▬▬ ▬ ▬▬▬ ▬▬ ▬▬▬▬
▬▬▬ ▬▬ ▬▬▬▬ ▬ ▬▬▬ ▬▬ ▬▬▬▬ ▬ ▬▬▬ ▬▬ ▬▬▬▬
▬▬ ▬▬▬▬ ▬ ▬▬▬ ▬▬ ▬▬▬▬ ▬ ▬▬▬ ▬▬ ▬▬▬▬
▬▬▬▬ ▬ ▬▬▬ ▬▬ ▬▬▬▬ ▬ ▬▬▬ ▬▬ ▬▬▬▬
▬ ▬▬▬ ▬▬ ▬▬▬▬ ▬ ▬▬▬ ▬▬ ▬▬▬▬ ▬ ▬▬▬ ▬▬ ▬▬▬▬
▬▬▬ ▬▬ ▬▬▬▬ ▬ ▬▬▬ ▬▬ ▬▬▬▬ ▬ ▬▬▬ ▬▬ ▬▬▬▬
▬▬ ▬▬▬▬ ▬ ▬▬▬ ▬▬ ▬▬▬▬ ▬ ▬▬▬ ▬▬ ▬▬▬▬
▬▬▬▬ ▬ ▬▬▬ ▬▬ ▬▬▬▬ ▬ ▬▬▬ ▬▬ ▬▬▬▬
▬ ▬▬▬ ▬▬ ▬▬▬▬ ▬ ▬▬▬ ▬▬ ▬▬▬▬ ▬ ▬▬▬ ▬▬ ▬▬▬▬
▬▬▬ ▬▬ ▬▬▬▬ ▬ ▬▬▬ ▬▬ ▬▬▬▬ ▬ ▬▬▬ ▬▬ ▬▬▬▬
MR. MASSEY SAILS.
A FAREWELL MESSAGE.
VALUE OF CONFERENCE.
UNITY OF THE EMPIRE.
By Telegraph—Press Assn.—Copyright.
Received August 25, 10 p.m. London, August 25.
Mr. Lloyd George farewelled Mr. W. F. Massey, who leaves Liverpool to-day on board the Empress of France for Quebec, and will catch the Niagara at Vancouver on September 10.
▬▬▬ ▬▬ ▬▬▬▬ ▬ ▬▬▬ ▬▬ ▬▬▬▬ ▬ ▬▬▬
▬▬ ▬▬▬▬ ▬ ▬▬▬ ▬▬ ▬▬▬▬ ▬ ▬▬▬ ▬▬ ▬▬▬▬ ▬ ▬▬▬
▬▬▬▬ ▬ ▬▬▬ ▬▬ ▬▬▬▬ ▬ ▬▬▬ ▬▬ ▬▬▬▬ ▬ ▬▬▬
▬ ▬▬▬ ▬▬ ▬▬▬▬ ▬ ▬▬▬ ▬▬ ▬▬▬▬ ▬ ▬▬▬
▬▬▬ ▬▬ ▬▬▬▬ ▬ ▬▬▬ ▬▬ ▬▬▬▬ ▬ ▬▬▬
▬▬ ▬▬▬▬ ▬ ▬▬▬ ▬▬ ▬▬▬▬ ▬ ▬▬▬ ▬▬ ▬▬▬▬ ▬ ▬▬▬
▬▬▬▬ ▬ ▬▬▬ ▬▬ ▬▬▬▬ ▬ ▬▬▬ ▬▬ ▬▬▬▬ ▬ ▬▬▬
▬ ▬▬▬ ▬▬ ▬▬▬▬ ▬ ▬▬▬ ▬▬ ▬▬▬▬ ▬ ▬▬▬
▬▬▬ ▬▬ ▬▬▬▬ ▬ ▬▬▬ ▬▬ ▬▬▬▬ ▬ ▬▬▬
▬▬ ▬▬▬▬ ▬ ▬▬▬ ▬▬ ▬▬▬▬ ▬ ▬▬▬ ▬▬ ▬▬▬▬ ▬ ▬▬▬
▬▬▬▬ ▬ ▬▬▬ ▬▬ ▬▬▬▬ ▬ ▬▬▬ ▬▬ ▬▬▬▬ ▬ ▬▬▬
▬ ▬▬▬ ▬▬ ▬▬▬▬ ▬ ▬▬▬ ▬▬ ▬▬▬▬ ▬ ▬▬▬
▬▬▬ ▬▬ ▬▬▬▬ ▬ ▬▬▬ ▬▬ ▬▬▬▬ ▬ ▬▬▬
▬▬ ▬▬▬▬ ▬ ▬▬▬ ▬▬ ▬▬▬▬ ▬ ▬▬▬ ▬▬ ▬▬▬▬ ▬ ▬▬▬
▬▬▬▬ ▬ ▬▬▬ ▬▬ ▬▬▬▬ ▬ ▬▬▬ ▬▬ ▬▬▬▬ ▬ ▬▬▬
▬ ▬▬▬ ▬▬ ▬▬▬▬ ▬ ▬▬▬ ▬▬ ▬▬▬▬ ▬ ▬▬▬
▬▬▬ ▬▬ ▬▬▬▬ ▬ ▬▬▬ ▬▬ ▬▬▬▬ ▬ ▬▬▬
▬▬ ▬▬▬▬ ▬ ▬▬▬ ▬▬ ▬▬▬▬ ▬ ▬▬▬ ▬▬ ▬▬▬▬ ▬ ▬▬▬
CABLE FROM MR. MASSEY.
ARRIVING IN OCTOBER.
By Telegraph—Press Association.
Wellington, Last Night.
A cable message was received by the Acting Prime Minister from Mr. Massey intimating that he is leaving England for New Zealand this afternoon.
▬▬▬ ▬▬ ▬▬▬▬ ▬ ▬▬▬ ▬▬ ▬▬▬▬ ▬ ▬▬▬
▬▬ ▬▬▬▬ ▬ ▬▬▬ ▬▬ ▬▬▬▬ ▬ ▬▬▬ ▬▬ ▬▬▬▬ ▬ ▬▬▬
▬▬▬▬ ▬ ▬▬▬ ▬▬ ▬▬▬▬ ▬ ▬▬▬ ▬▬ ▬▬▬▬ ▬ ▬▬▬
▬ ▬▬▬ ▬▬ ▬▬▬▬ ▬ ▬▬▬ ▬▬ ▬▬▬▬ ▬ ▬▬▬
▬▬▬ ▬▬ ▬▬▬▬ ▬ ▬▬▬ ▬▬ ▬▬▬▬ ▬ ▬▬▬
▬▬ ▬▬▬▬ ▬ ▬▬▬ ▬▬ ▬▬▬▬ ▬ ▬▬▬ ▬▬ ▬▬▬▬ ▬ ▬▬▬
▬▬▬▬ ▬ ▬▬▬ ▬▬ ▬▬▬▬ ▬ ▬▬▬ ▬▬ ▬▬▬▬ ▬ ▬▬▬
▬ ▬▬▬ ▬▬ ▬▬▬▬ ▬ ▬▬▬ ▬▬ ▬▬▬▬ ▬ ▬▬▬
▬▬▬ ▬▬ ▬▬▬▬ ▬ ▬▬▬ ▬▬ ▬▬▬▬ ▬ ▬▬▬
▬▬ ▬▬▬▬ ▬ ▬▬▬ ▬▬ ▬▬▬▬ ▬ ▬▬▬ ▬▬ ▬▬▬▬ ▬ ▬▬▬
▬▬▬▬ ▬ ▬▬▬ ▬▬ ▬▬▬▬ ▬ ▬▬▬ ▬▬ ▬▬▬▬ ▬ ▬▬▬
▬ ▬▬▬ ▬▬ ▬▬▬▬ ▬ ▬▬▬ ▬▬ ▬▬▬▬ ▬ ▬▬▬
▬▬▬ ▬▬ ▬▬▬▬ ▬ ▬▬▬ ▬▬ ▬▬▬▬ ▬ ▬▬▬
▬▬ ▬▬▬▬ ▬ ▬▬▬ ▬▬ ▬▬▬▬ ▬ ▬▬▬ ▬▬ ▬▬▬▬ ▬ ▬▬▬
▬▬▬▬ ▬ ▬▬▬ ▬▬ ▬▬▬▬ ▬ ▬▬▬ ▬▬ ▬▬▬▬ ▬ ▬▬▬
▬ ▬▬▬ ▬▬ ▬▬▬▬ ▬ ▬▬▬ ▬▬ ▬▬▬▬ ▬ ▬▬▬
▬▬▬ ▬▬ ▬▬▬▬ ▬ ▬▬▬ ▬▬ ▬▬▬▬ ▬ ▬▬▬
▬▬ ▬▬▬▬ ▬ ▬▬▬ ▬▬ ▬▬▬▬ ▬ ▬▬▬ ▬▬ ▬▬▬▬ ▬ ▬▬▬
▬▬▬▬ ▬ ▬▬▬ ▬▬ ▬▬▬▬ ▬ ▬▬▬ ▬▬ ▬▬▬▬ ▬ ▬▬▬
▬ ▬▬▬ ▬▬ ▬▬▬▬ ▬ ▬▬▬ ▬▬ ▬▬▬▬ ▬ ▬▬▬
▬▬▬ ▬▬ ▬▬▬▬ ▬ ▬▬▬ ▬▬ ▬▬▬▬ ▬ ▬▬▬
▬▬ ▬▬▬▬ ▬ ▬▬▬ ▬▬ ▬▬▬▬ ▬ ▬▬▬ ▬▬ ▬▬▬▬ ▬ ▬▬▬
▬▬▬▬ ▬ ▬▬▬ ▬▬ ▬▬▬▬ ▬ ▬▬▬ ▬▬ ▬▬▬▬ ▬ ▬▬▬
IRELAND.
LOYALTY OF ULSTER.
MESSAGE FROM MR. MASSEY.
By Telegraph—Press Assn.—Copyright.
London, August 25.
The Ulstermen telegraphed Mr. W. F. Massey sending a farewell message.
▬▬▬ ▬▬ ▬▬▬▬ ▬ ▬▬▬ ▬▬ ▬▬▬▬ ▬ ▬▬▬
▬▬ ▬▬▬▬ ▬ ▬▬▬ ▬▬ ▬▬▬▬ ▬ ▬▬▬ ▬▬ ▬▬▬▬ ▬ ▬▬▬
▬▬▬▬ ▬ ▬▬▬ ▬▬ ▬▬▬▬ ▬ ▬▬▬ ▬▬ ▬▬▬▬ ▬ ▬▬▬
▬ ▬▬▬ ▬▬ ▬▬▬▬ ▬ ▬▬▬ ▬▬ ▬▬▬▬ ▬ ▬▬▬
▬▬▬ ▬▬ ▬▬▬▬ ▬ ▬▬▬ ▬▬ ▬▬▬▬ ▬ ▬▬▬
▬▬ ▬▬▬▬ ▬ ▬▬▬ ▬▬ ▬▬▬▬ ▬ ▬▬▬ ▬▬ ▬▬▬▬ ▬ ▬▬▬
▬▬▬▬ ▬ ▬▬▬ ▬▬ ▬▬▬▬ ▬ ▬▬▬ ▬▬ ▬▬▬▬ ▬ ▬▬▬
▬ ▬▬▬ ▬▬ ▬▬▬▬ ▬ ▬▬▬ ▬▬ ▬▬▬▬ ▬ ▬▬▬
▬▬▬ ▬▬ ▬▬▬▬ ▬ ▬▬▬ ▬▬ ▬▬▬▬ ▬ ▬▬▬
▬▬ ▬▬▬▬ ▬ ▬▬▬ ▬▬ ▬▬▬▬ ▬ ▬▬▬ ▬▬ ▬▬▬▬ ▬ ▬▬▬
▬▬▬▬ ▬ ▬▬▬ ▬▬ ▬▬▬▬ ▬ ▬▬▬ ▬▬ ▬▬▬▬ ▬ ▬▬▬
▬ ▬▬▬ ▬▬ ▬▬▬▬ ▬ ▬▬▬ ▬▬ ▬▬▬▬ ▬ ▬▬▬
▬▬▬ ▬▬ ▬▬▬▬ ▬ ▬▬▬ ▬▬ ▬▬▬▬ ▬ ▬▬▬
▬▬ ▬▬▬▬ ▬ ▬▬▬ ▬▬ ▬▬▬▬ ▬ ▬▬▬ ▬▬ ▬▬▬▬ ▬ ▬▬▬
▬▬▬▬ ▬ ▬▬▬ ▬▬ ▬▬▬▬ ▬ ▬▬▬ ▬▬ ▬▬▬▬ ▬ ▬▬▬
▬ ▬▬▬ ▬▬ ▬▬▬▬ ▬ ▬▬▬ ▬▬ ▬▬▬▬ ▬ ▬▬▬
▬▬▬ ▬▬ ▬▬▬▬ ▬ ▬▬▬ ▬▬ ▬▬▬▬ ▬ ▬▬▬
▬▬ ▬▬▬▬ ▬ ▬▬▬ ▬▬ ▬▬▬▬ ▬ ▬▬▬ ▬▬ ▬▬▬▬ ▬ ▬▬▬
▬▬▬▬ ▬ ▬▬▬ ▬▬ ▬▬▬▬ ▬ ▬▬▬ ▬▬ ▬▬▬▬ ▬ ▬▬▬
▬ ▬▬▬ ▬▬ ▬▬▬▬ ▬ ▬▬▬ ▬▬ ▬▬▬▬ ▬ ▬▬▬
▬▬▬ ▬▬ ▬▬▬▬ ▬ ▬▬▬ ▬▬ ▬▬▬▬ ▬ ▬▬▬
▬▬ ▬▬▬▬ ▬ ▬▬▬ ▬▬ ▬▬▬▬ ▬ ▬▬▬ ▬▬ ▬▬▬▬ ▬ ▬▬▬
▬▬▬▬ ▬ ▬▬▬ ▬▬ ▬▬▬▬ ▬ ▬▬▬ ▬▬ ▬▬▬▬ ▬ ▬▬▬
▬ ▬▬▬ ▬▬ ▬▬▬▬ ▬ ▬▬▬ ▬▬ ▬▬▬▬ ▬ ▬▬▬
▬▬▬ ▬▬ ▬▬▬▬ ▬ ▬▬▬ ▬▬ ▬▬▬▬ ▬ ▬▬▬
▬▬ ▬▬▬▬ ▬ ▬▬▬ ▬▬ ▬▬▬▬ ▬ ▬▬▬ ▬▬ ▬▬▬▬ ▬ ▬▬▬
▬▬▬▬ ▬ ▬▬▬ ▬▬ ▬▬▬▬ ▬ ▬▬▬ ▬▬ ▬▬▬▬ ▬ ▬▬▬
▬ ▬▬▬ ▬▬ ▬▬▬▬ ▬ ▬▬▬ ▬▬ ▬▬▬▬ ▬ ▬▬▬
THE DAVIS CUP.
AUSTRALASIA v. JAPAN.
By Telegraph—Press Assn.—Copyright.
Received August 25, 10 p.m. New York, August 24.
The Davis Cup draw for the final at Newport indicates that Shimidzu will play Anderson on Thursday.
▬▬▬ ▬▬ ▬▬▬▬ ▬ ▬▬▬ ▬▬ ▬▬▬▬ ▬ ▬▬▬
▬▬ ▬▬▬▬ ▬ ▬▬▬ ▬▬ ▬▬▬▬ ▬ ▬▬▬ ▬▬ ▬▬▬▬ ▬ ▬▬▬
▬▬▬▬ ▬ ▬▬▬ ▬▬ ▬▬▬▬ ▬ ▬▬▬ ▬▬ ▬▬▬▬ ▬ ▬▬▬
▬ ▬▬▬ ▬▬ ▬▬▬▬ ▬ ▬▬▬ ▬▬ ▬▬▬▬ ▬ ▬▬▬
▬▬▬ ▬▬ ▬▬▬▬ ▬ ▬▬▬ ▬▬ ▬▬▬▬ ▬ ▬▬▬
▬▬ ▬▬▬▬ ▬ ▬▬▬ ▬▬ ▬▬▬▬ ▬ ▬▬▬ ▬▬ ▬▬▬▬ ▬ ▬▬▬
▬▬▬▬ ▬ ▬▬▬ ▬▬ ▬▬▬▬ ▬ ▬▬▬ ▬▬ ▬▬▬▬ ▬ ▬▬▬
▬ ▬▬▬ ▬▬ ▬▬▬▬ ▬ ▬▬▬ ▬▬ ▬▬▬▬ ▬ ▬▬▬
▬▬▬ ▬▬ ▬▬▬▬ ▬ ▬▬▬ ▬▬ ▬▬▬▬ ▬ ▬▬▬
▬▬ ▬▬▬▬ ▬ ▬▬▬ ▬▬ ▬▬▬▬ ▬ ▬▬▬ ▬▬ ▬▬▬▬ ▬ ▬▬▬
▬▬▬▬ ▬ ▬▬▬ ▬▬ ▬▬▬▬ ▬ ▬▬▬ ▬▬ ▬▬▬▬ ▬ ▬▬▬
▬ ▬▬▬ ▬▬ ▬▬▬▬ ▬ ▬▬▬ ▬▬ ▬▬▬▬ ▬ ▬▬▬
▬▬▬ ▬▬ ▬▬▬▬ ▬ ▬▬▬ ▬▬ ▬▬▬▬ ▬ ▬▬▬
▬▬ ▬▬▬▬ ▬ ▬▬▬ ▬▬ ▬▬▬▬ ▬ ▬▬▬ ▬▬ ▬▬▬▬ ▬ ▬▬▬
▬▬▬▬ ▬ ▬▬▬ ▬▬ ▬▬▬▬ ▬ ▬▬▬ ▬▬ ▬▬▬▬ ▬ ▬▬▬
▬ ▬▬▬ ▬▬ ▬▬▬▬ ▬ ▬▬▬ ▬▬ ▬▬▬▬ ▬ ▬▬▬
▬▬▬ ▬▬ ▬▬▬▬ ▬ ▬▬▬ ▬▬ ▬▬▬▬ ▬ ▬▬▬
▬▬ ▬▬▬▬ ▬ ▬▬▬ ▬▬ ▬▬▬▬ ▬ ▬▬▬ ▬▬ ▬▬▬▬ ▬ ▬▬▬
▬▬▬▬ ▬ ▬▬▬ ▬▬ ▬▬▬▬ ▬ ▬▬▬ ▬▬ ▬▬▬▬ ▬ ▬▬▬
REMARKABLE AIRSHIP.
THE BIGGEST EVER BUILT.
FEATURES OF HER DESIGN.
R38 was recently purchased by America, and was to be flown across the Atlantic. The craft was the largest airship ever built, being driven by six 350 horse-power engines.
▬▬▬ ▬▬ ▬▬▬▬ ▬ ▬▬▬ ▬▬ ▬▬▬▬ ▬ ▬▬▬
▬▬ ▬▬▬▬ ▬ ▬▬▬ ▬▬ ▬▬▬▬ ▬ ▬▬▬ ▬▬ ▬▬▬▬ ▬ ▬▬▬
▬▬▬▬ ▬ ▬▬▬ ▬▬ ▬▬▬▬ ▬ ▬▬▬ ▬▬ ▬▬▬▬ ▬ ▬▬▬
▬ ▬▬▬ ▬▬ ▬▬▬▬ ▬ ▬▬▬ ▬▬ ▬▬▬▬ ▬ ▬▬▬
▬▬▬ ▬▬ ▬▬▬▬ ▬ ▬▬▬ ▬▬ ▬▬▬▬ ▬ ▬▬▬
▬▬ ▬▬▬▬ ▬ ▬▬▬ ▬▬ ▬▬▬▬ ▬ ▬▬▬ ▬▬ ▬▬▬▬ ▬ ▬▬▬
▬▬▬▬ ▬ ▬▬▬ ▬▬ ▬▬▬▬ ▬ ▬▬▬ ▬▬ ▬▬▬▬ ▬ ▬▬▬
▬ ▬▬▬ ▬▬ ▬▬▬▬ ▬ ▬▬▬ ▬▬ ▬▬▬▬ ▬ ▬▬▬
▬▬▬ ▬▬ ▬▬▬▬ ▬ ▬▬▬ ▬▬ ▬▬▬▬ ▬ ▬▬▬
▬▬ ▬▬▬▬ ▬ ▬▬▬ ▬▬ ▬▬▬▬ ▬ ▬▬▬ ▬▬ ▬▬▬▬ ▬ ▬▬▬
▬▬▬▬ ▬ ▬▬▬ ▬▬ ▬▬▬▬ ▬ ▬▬▬ ▬▬ ▬▬▬▬ ▬ ▬▬▬
▬ ▬▬▬ ▬▬ ▬▬▬▬ ▬ ▬▬▬ ▬▬ ▬▬▬▬ ▬ ▬▬▬
▬▬▬ ▬▬ ▬▬▬▬ ▬ ▬▬▬ ▬▬ ▬▬▬▬ ▬ ▬▬▬
▬▬ ▬▬▬▬ ▬ ▬▬▬ ▬▬ ▬▬▬▬ ▬ ▬▬▬ ▬▬ ▬▬▬▬ ▬ ▬▬▬
▬▬▬▬ ▬ ▬▬▬ ▬▬ ▬▬▬▬ ▬ ▬▬▬ ▬▬ ▬▬▬▬ ▬ ▬▬▬
▬ ▬▬▬ ▬▬ ▬▬▬▬ ▬ ▬▬▬ ▬▬ ▬▬▬▬ ▬ ▬▬▬
▬▬▬ ▬▬ ▬▬▬▬ ▬ ▬▬▬ ▬▬ ▬▬▬▬ ▬ ▬▬▬
▬▬ ▬▬▬▬ ▬ ▬▬▬ ▬▬ ▬▬▬▬ ▬ ▬▬▬ ▬▬ ▬▬▬▬ ▬ ▬▬▬
▬▬▬▬ ▬ ▬▬▬ ▬▬ ▬▬▬▬ ▬ ▬▬▬ ▬▬ ▬▬▬▬ ▬ ▬▬▬
▬ ▬▬▬ ▬▬ ▬▬▬▬ ▬ ▬▬▬ ▬▬ ▬▬▬▬ ▬ ▬▬▬
▬▬▬ ▬▬ ▬▬▬▬ ▬ ▬▬▬ ▬▬ ▬▬▬▬ ▬ ▬▬▬
▬▬ ▬▬▬▬ ▬ ▬▬▬ ▬▬ ▬▬▬▬ ▬ ▬▬▬ ▬▬ ▬▬▬▬ ▬ ▬▬▬
▬▬▬▬ ▬ ▬▬▬ ▬▬ ▬▬▬▬ ▬ ▬▬▬ ▬▬ ▬▬▬▬ ▬ ▬▬▬
▬ ▬▬▬ ▬▬ ▬▬▬▬ ▬ ▬▬▬ ▬▬ ▬▬▬▬ ▬ ▬▬▬
KILLED WITH AN AXE.
THE BACK-BLOCKS TRAGEDY.
GUILTY OF MANSLAUGHTER.
By Telegraph—Press Association.
Wanganui, Last Night.
A case for which there is no precedent during the past century occupied the Supreme Court to-day, when John Kinsella was charged with the murder of George Gordon at Mangamahu.
▬▬ ▬▬▬▬ ▬ ▬▬▬ ▬▬ ▬▬▬▬ ▬ ▬▬▬ ▬▬ ▬▬▬▬
▬▬▬▬ ▬ ▬▬▬ ▬▬ ▬▬▬▬ ▬ ▬▬▬ ▬▬ ▬▬▬▬
▬ ▬▬▬ ▬▬ ▬▬▬▬ ▬ ▬▬▬ ▬▬ ▬▬▬▬ ▬ ▬▬▬ ▬▬ ▬▬▬▬
▬▬▬ ▬▬ ▬▬▬▬ ▬ ▬▬▬ ▬▬ ▬▬▬▬ ▬ ▬▬▬ ▬▬ ▬▬▬▬
▬▬ ▬▬▬▬ ▬ ▬▬▬ ▬▬ ▬▬▬▬ ▬ ▬▬▬ ▬▬ ▬▬▬▬
▬▬▬▬ ▬ ▬▬▬ ▬▬ ▬▬▬▬ ▬ ▬▬▬ ▬▬ ▬▬▬▬
▬ ▬▬▬ ▬▬ ▬▬▬▬ ▬ ▬▬▬ ▬▬ ▬▬▬▬ ▬ ▬▬▬ ▬▬ ▬▬▬▬
▬▬▬ ▬▬ ▬▬▬▬ ▬ ▬▬▬ ▬▬ ▬▬▬▬ ▬ ▬▬▬ ▬▬ ▬▬▬▬
▬▬ ▬▬▬▬ ▬ ▬▬▬ ▬▬ ▬▬▬▬ ▬ ▬▬▬ ▬▬ ▬▬▬▬
▬▬▬▬ ▬ ▬▬▬ ▬▬ ▬▬▬▬ ▬ ▬▬▬ ▬▬ ▬▬▬▬
▬ ▬▬▬ ▬▬ ▬▬▬▬ ▬ ▬▬▬ ▬▬ ▬▬▬▬ ▬ ▬▬▬ ▬▬ ▬▬▬▬
▬▬▬ ▬▬ ▬▬▬▬ ▬ ▬▬▬ ▬▬ ▬▬▬▬ ▬ ▬▬▬ ▬▬ ▬▬▬▬
▬▬ ▬▬▬▬ ▬ ▬▬▬ ▬▬ ▬▬▬▬ ▬ ▬▬▬ ▬▬ ▬▬▬▬
▬▬▬▬ ▬ ▬▬▬ ▬▬ ▬▬▬▬ ▬ ▬▬▬ ▬▬ ▬▬▬▬
▬ ▬▬▬ ▬▬ ▬▬▬▬ ▬ ▬▬▬ ▬▬ ▬▬▬▬ ▬ ▬▬▬ ▬▬ ▬▬▬▬
▬▬▬ ▬▬ ▬▬▬▬ ▬ ▬▬▬ ▬▬ ▬▬▬▬ ▬ ▬▬▬ ▬▬ ▬▬▬▬
▬▬ ▬▬▬▬ ▬ ▬▬▬ ▬▬ ▬▬▬▬ ▬ ▬▬▬ ▬▬ ▬▬▬▬
▬▬▬▬ ▬ ▬▬▬ ▬▬ ▬▬▬▬ ▬ ▬▬▬ ▬▬ ▬▬▬▬
▬ ▬▬▬ ▬▬ ▬▬▬▬ ▬ ▬▬▬ ▬▬ ▬▬▬▬ ▬ ▬▬▬ ▬▬ ▬▬▬▬
▬▬▬ ▬▬ ▬▬▬▬ ▬ ▬▬▬ ▬▬ ▬▬▬▬ ▬ ▬▬▬ ▬▬ ▬▬▬▬
▬▬ ▬▬▬▬ ▬ ▬▬▬ ▬▬ ▬▬▬▬ ▬ ▬▬▬ ▬▬ ▬▬▬▬
▬▬▬▬ ▬ ▬▬▬ ▬▬ ▬▬▬▬ ▬ ▬▬▬ ▬▬ ▬▬▬▬
▬ ▬▬▬ ▬▬ ▬▬▬▬ ▬ ▬▬▬ ▬▬ ▬▬▬▬ ▬ ▬▬▬ ▬▬ ▬▬▬▬
▬▬▬ ▬▬ ▬▬▬▬ ▬ ▬▬▬ ▬▬ ▬▬▬▬ ▬ ▬▬▬ ▬▬ ▬▬▬▬
▬▬ ▬▬▬▬ ▬ ▬▬▬ ▬▬ ▬▬▬▬ ▬ ▬▬▬ ▬▬ ▬▬▬▬
COAL MINE FATALITY.
SEQUEL IN COURT CASE.
BLAME NOT ON EMPLOYER.
By Telegraph—Press Association.
Timaru, Last Night.
T. F. Slowey, owner of the Chamberlain coal-mine, was charged before Mr. E. D. Mosley, S.M., in the court of breaches of the Coal Mines Act and regulations.
▬▬ ▬▬▬▬ ▬ ▬▬▬ ▬▬ ▬▬▬▬ ▬ ▬▬▬ ▬▬ ▬▬▬▬
▬▬▬▬ ▬ ▬▬▬ ▬▬ ▬▬▬▬ ▬ ▬▬▬ ▬▬ ▬▬▬▬
▬ ▬▬▬ ▬▬ ▬▬▬▬ ▬ ▬▬▬ ▬▬ ▬▬▬▬ ▬ ▬▬▬ ▬▬ ▬▬▬▬
▬▬▬ ▬▬ ▬▬▬▬ ▬ ▬▬▬ ▬▬ ▬▬▬▬ ▬ ▬▬▬ ▬▬ ▬▬▬▬
▬▬ ▬▬▬▬ ▬ ▬▬▬ ▬▬ ▬▬▬▬ ▬ ▬▬▬ ▬▬ ▬▬▬▬
▬▬▬▬ ▬ ▬▬▬ ▬▬ ▬▬▬▬ ▬ ▬▬▬ ▬▬ ▬▬▬▬
▬ ▬▬▬ ▬▬ ▬▬▬▬ ▬ ▬▬▬ ▬▬ ▬▬▬▬ ▬ ▬▬▬ ▬▬ ▬▬▬▬
▬▬▬ ▬▬ ▬▬▬▬ ▬ ▬▬▬ ▬▬ ▬▬▬▬ ▬ ▬▬▬ ▬▬ ▬▬▬▬
▬▬ ▬▬▬▬ ▬ ▬▬▬ ▬▬ ▬▬▬▬ ▬ ▬▬▬ ▬▬ ▬▬▬▬
▬▬▬▬ ▬ ▬▬▬ ▬▬ ▬▬▬▬ ▬ ▬▬▬ ▬▬ ▬▬▬▬
▬ ▬▬▬ ▬▬ ▬▬▬▬ ▬ ▬▬▬ ▬▬ ▬▬▬▬ ▬ ▬▬▬ ▬▬ ▬▬▬▬
▬▬▬ ▬▬ ▬▬▬▬ ▬ ▬▬▬ ▬▬ ▬▬▬▬ ▬ ▬▬▬ ▬▬ ▬▬▬▬
▬▬ ▬▬▬▬ ▬ ▬▬▬ ▬▬ ▬▬▬▬ ▬ ▬▬▬ ▬▬ ▬▬▬▬
▬▬▬▬ ▬ ▬▬▬ ▬▬ ▬▬▬▬ ▬ ▬▬▬ ▬▬ ▬▬▬▬
▬ ▬▬▬ ▬▬ ▬▬▬▬ ▬ ▬▬▬ ▬▬ ▬▬▬▬ ▬ ▬▬▬ ▬▬ ▬▬▬▬
▬▬▬ ▬▬ ▬▬▬▬ ▬ ▬▬▬ ▬▬ ▬▬▬▬ ▬ ▬▬▬ ▬▬ ▬▬▬▬
▬▬ ▬▬▬▬ ▬ ▬▬▬ ▬▬ ▬▬▬▬ ▬ ▬▬▬ ▬▬ ▬▬▬▬
▬▬▬▬ ▬ ▬▬▬ ▬▬ ▬▬▬▬ ▬ ▬▬▬ ▬▬ ▬▬▬▬
▬ ▬▬▬ ▬▬ ▬▬▬▬ ▬ ▬▬▬ ▬▬ ▬▬▬▬ ▬ ▬▬▬ ▬▬ ▬▬▬▬
▬▬▬ ▬▬ ▬▬▬▬ ▬ ▬▬▬ ▬▬ ▬▬▬▬ ▬ ▬▬▬ ▬▬ ▬▬▬▬
▬▬ ▬▬▬▬ ▬ ▬▬▬ ▬▬ ▬▬▬▬ ▬ ▬▬▬ ▬▬ ▬▬▬▬
▬▬▬▬ ▬ ▬▬▬ ▬▬ ▬▬▬▬ ▬ ▬▬▬ ▬▬ ▬▬▬▬
▬ ▬▬▬ ▬▬ ▬▬▬▬ ▬ ▬▬▬ ▬▬ ▬▬▬▬ ▬ ▬▬▬ ▬▬ ▬▬▬▬
▬▬▬ ▬▬ ▬▬▬▬ ▬ ▬▬▬ ▬▬ ▬▬▬▬ ▬ ▬▬▬ ▬▬ ▬▬▬▬
▬▬ ▬▬▬▬ ▬ ▬▬▬ ▬▬ ▬▬▬▬ ▬ ▬▬▬ ▬▬ ▬▬▬▬
▬▬▬▬ ▬ ▬▬▬ ▬▬ ▬▬▬▬ ▬ ▬▬▬ ▬▬ ▬▬▬▬
▬ ▬▬▬ ▬▬ ▬▬▬▬ ▬ ▬▬▬ ▬▬ ▬▬▬▬ ▬ ▬▬▬ ▬▬ ▬▬▬▬
▬▬▬ ▬▬ ▬▬▬▬ ▬ ▬▬▬ ▬▬ ▬▬▬▬ ▬ ▬▬▬ ▬▬ ▬▬▬▬
▬▬ ▬▬▬▬ ▬ ▬▬▬ ▬▬ ▬▬▬▬ ▬ ▬▬▬ ▬▬ ▬▬▬▬
▬▬▬▬ ▬ ▬▬▬ ▬▬ ▬▬▬▬ ▬ ▬▬▬ ▬▬ ▬▬▬▬
CALEDONIAN SOCIETY.
THE FIRST INGLESIDE.
FAREWELL TO THE CHIEF.
Some two hundred or more were present at the first ingleside of the newly formed New Plymouth Caledonian Society, which was held in the Workers' Social Hall last night.
▬▬ ▬▬▬▬ ▬ ▬▬▬ ▬▬ ▬▬▬▬ ▬ ▬▬▬ ▬▬ ▬▬▬▬
▬▬▬▬ ▬ ▬▬▬ ▬▬ ▬▬▬▬ ▬ ▬▬▬ ▬▬ ▬▬▬▬
▬ ▬▬▬ ▬▬ ▬▬▬▬ ▬ ▬▬▬ ▬▬ ▬▬▬▬ ▬ ▬▬▬ ▬▬ ▬▬▬▬
▬▬▬ ▬▬ ▬▬▬▬ ▬ ▬▬▬ ▬▬ ▬▬▬▬ ▬ ▬▬▬ ▬▬ ▬▬▬▬
▬▬ ▬▬▬▬ ▬ ▬▬▬ ▬▬ ▬▬▬▬ ▬ ▬▬▬ ▬▬ ▬▬▬▬
▬▬▬▬ ▬ ▬▬▬ ▬▬ ▬▬▬▬ ▬ ▬▬▬ ▬▬ ▬▬▬▬
▬ ▬▬▬ ▬▬ ▬▬▬▬ ▬ ▬▬▬ ▬▬ ▬▬▬▬ ▬ ▬▬▬ ▬▬ ▬▬▬▬
▬▬▬ ▬▬ ▬▬▬▬ ▬ ▬▬▬ ▬▬ ▬▬▬▬ ▬ ▬▬▬ ▬▬ ▬▬▬▬
▬▬ ▬▬▬▬ ▬ ▬▬▬ ▬▬ ▬▬▬▬ ▬ ▬▬▬ ▬▬ ▬▬▬▬
▬▬▬▬ ▬ ▬▬▬ ▬▬ ▬▬▬▬ ▬ ▬▬▬ ▬▬ ▬▬▬▬
▬ ▬▬▬ ▬▬ ▬▬▬▬ ▬ ▬▬▬ ▬▬ ▬▬▬▬ ▬ ▬▬▬ ▬▬ ▬▬▬▬
▬▬▬ ▬▬ ▬▬▬▬ ▬ ▬▬▬ ▬▬ ▬▬▬▬ ▬ ▬▬▬ ▬▬ ▬▬▬▬
▬▬ ▬▬▬▬ ▬ ▬▬▬ ▬▬ ▬▬▬▬ ▬ ▬▬▬ ▬▬ ▬▬▬▬
▬▬▬▬ ▬ ▬▬▬ ▬▬ ▬▬▬▬ ▬ ▬▬▬ ▬▬ ▬▬▬▬
▬ ▬▬▬ ▬▬ ▬▬▬▬ ▬ ▬▬▬ ▬▬ ▬▬▬▬ ▬ ▬▬▬ ▬▬ ▬▬▬▬
▬▬▬ ▬▬ ▬▬▬▬ ▬ ▬▬▬ ▬▬ ▬▬▬▬ ▬ ▬▬▬ ▬▬ ▬▬▬▬
▬▬ ▬▬▬▬ ▬ ▬▬▬ ▬▬ ▬▬▬▬ ▬ ▬▬▬ ▬▬ ▬▬▬▬
▬▬▬▬ ▬ ▬▬▬ ▬▬ ▬▬▬▬ ▬ ▬▬▬ ▬▬ ▬▬▬▬
▬ ▬▬▬ ▬▬ ▬▬▬▬ ▬ ▬▬▬ ▬▬ ▬▬▬▬ ▬ ▬▬▬ ▬▬ ▬▬▬▬
▬▬▬ ▬▬ ▬▬▬▬ ▬ ▬▬▬ ▬▬ ▬▬▬▬ ▬ ▬▬▬ ▬▬ ▬▬▬▬
▬▬ ▬▬▬▬ ▬ ▬▬▬ ▬▬ ▬▬▬▬ ▬ ▬▬▬ ▬▬ ▬▬▬▬
SIX MILLION LOAN
THE COMPULSORY CLAUSES.
NOW BEING ENFORCED.
By Telegraph—Press Association.
Wellington, Last Night.
The Commissioner of Taxes, interviewed to-day, stated he had been issuing for three or four months past compulsory loan clause notices calling up £1,000,000 of the balance of the £6,000,000 soldier settlement loan.
▬▬▬▬ ▬ ▬▬▬ ▬▬ ▬▬▬▬ ▬ ▬▬▬ ▬▬ ▬▬▬▬ ▬ ▬▬▬
▬ ▬▬▬ ▬▬ ▬▬▬▬ ▬ ▬▬▬ ▬▬ ▬▬▬▬ ▬ ▬▬▬
▬▬▬ ▬▬ ▬▬▬▬ ▬ ▬▬▬ ▬▬ ▬▬▬▬ ▬ ▬▬▬
▬▬ ▬▬▬▬ ▬ ▬▬▬ ▬▬ ▬▬▬▬ ▬ ▬▬▬ ▬▬ ▬▬▬▬ ▬ ▬▬▬
▬▬▬▬ ▬ ▬▬▬ ▬▬ ▬▬▬▬ ▬ ▬▬▬ ▬▬ ▬▬▬▬ ▬ ▬▬▬
▬ ▬▬▬ ▬▬ ▬▬▬▬ ▬ ▬▬▬ ▬▬ ▬▬▬▬ ▬ ▬▬▬
▬▬▬ ▬▬ ▬▬▬▬ ▬ ▬▬▬ ▬▬ ▬▬▬▬ ▬ ▬▬▬
▬▬ ▬▬▬▬ ▬ ▬▬▬ ▬▬ ▬▬▬▬ ▬ ▬▬▬ ▬▬ ▬▬▬▬ ▬ ▬▬▬
▬▬▬▬ ▬ ▬▬▬ ▬▬ ▬▬▬▬ ▬ ▬▬▬ ▬▬ ▬▬▬▬ ▬ ▬▬▬
▬ ▬▬▬ ▬▬ ▬▬▬▬ ▬ ▬▬▬ ▬▬ ▬▬▬▬ ▬ ▬▬▬
▬▬▬ ▬▬ ▬▬▬▬ ▬ ▬▬▬ ▬▬ ▬▬▬▬ ▬ ▬▬▬
▬▬ ▬▬▬▬ ▬ ▬▬▬ ▬▬ ▬▬▬▬ ▬ ▬▬▬ ▬▬ ▬▬▬▬ ▬ ▬▬▬
▬▬▬▬ ▬ ▬▬▬ ▬▬ ▬▬▬▬ ▬ ▬▬▬ ▬▬ ▬▬▬▬ ▬ ▬▬▬
▬ ▬▬▬ ▬▬ ▬▬▬▬ ▬ ▬▬▬ ▬▬ ▬▬▬▬ ▬ ▬▬▬
▬▬▬ ▬▬ ▬▬▬▬ ▬ ▬▬▬ ▬▬ ▬▬▬▬ ▬ ▬▬▬
▬▬ ▬▬▬▬ ▬ ▬▬▬ ▬▬ ▬▬▬▬ ▬ ▬▬▬ ▬▬ ▬▬▬▬ ▬ ▬▬▬
▬▬▬▬ ▬ ▬▬▬ ▬▬ ▬▬▬▬ ▬ ▬▬▬ ▬▬ ▬▬▬▬ ▬ ▬▬▬
▬ ▬▬▬ ▬▬ ▬▬▬▬ ▬ ▬▬▬ ▬▬ ▬▬▬▬ ▬ ▬▬▬
WAITARA.
BOROUGH COUNCIL.
(From Our Own Correspondent.)
August 24.
A special meeting of the Waitara Borough Council was held on Monday evening. Present: The Mayor (Mr. John Johnston), Blair, Jones and Ogle.
▬▬▬▬ ▬ ▬▬▬ ▬▬ ▬▬▬▬ ▬ ▬▬▬ ▬▬ ▬▬▬▬ ▬ ▬▬▬
▬ ▬▬▬ ▬▬ ▬▬▬▬ ▬ ▬▬▬ ▬▬ ▬▬▬▬ ▬ ▬▬▬
▬▬▬ ▬▬ ▬▬▬▬ ▬ ▬▬▬ ▬▬ ▬▬▬▬ ▬ ▬▬▬
▬▬ ▬▬▬▬ ▬ ▬▬▬ ▬▬ ▬▬▬▬ ▬ ▬▬▬ ▬▬ ▬▬▬▬ ▬ ▬▬▬
▬▬▬▬ ▬ ▬▬▬ ▬▬ ▬▬▬▬ ▬ ▬▬▬ ▬▬ ▬▬▬▬ ▬ ▬▬▬
▬ ▬▬▬ ▬▬ ▬▬▬▬ ▬ ▬▬▬ ▬▬ ▬▬▬▬ ▬ ▬▬▬
▬▬▬ ▬▬ ▬▬▬▬ ▬ ▬▬▬ ▬▬ ▬▬▬▬ ▬ ▬▬▬
▬▬ ▬▬▬▬ ▬ ▬▬▬ ▬▬ ▬▬▬▬ ▬ ▬▬▬ ▬▬ ▬▬▬▬ ▬ ▬▬▬
▬▬▬▬ ▬ ▬▬▬ ▬▬ ▬▬▬▬ ▬ ▬▬▬ ▬▬ ▬▬▬▬ ▬ ▬▬▬
▬ ▬▬▬ ▬▬ ▬▬▬▬ ▬ ▬▬▬ ▬▬ ▬▬▬▬ ▬ ▬▬▬
▬▬▬ ▬▬ ▬▬▬▬ ▬ ▬▬▬ ▬▬ ▬▬▬▬ ▬ ▬▬▬
▬▬ ▬▬▬▬ ▬ ▬▬▬ ▬▬ ▬▬▬▬ ▬ ▬▬▬ ▬▬ ▬▬▬▬ ▬ ▬▬▬
▬▬▬▬ ▬ ▬▬▬ ▬▬ ▬▬▬▬ ▬ ▬▬▬ ▬▬ ▬▬▬▬ ▬ ▬▬▬
▬ ▬▬▬ ▬▬ ▬▬▬▬ ▬ ▬▬▬ ▬▬ ▬▬▬▬ ▬ ▬▬▬
▬▬▬ ▬▬ ▬▬▬▬ ▬ ▬▬▬ ▬▬ ▬▬▬▬ ▬ ▬▬▬
▬▬ ▬▬▬▬ ▬ ▬▬▬ ▬▬ ▬▬▬▬ ▬ ▬▬▬ ▬▬ ▬▬▬▬ ▬ ▬▬▬
▬▬▬▬ ▬ ▬▬▬ ▬▬ ▬▬▬▬ ▬ ▬▬▬ ▬▬ ▬▬▬▬ ▬ ▬▬▬
▬ ▬▬▬ ▬▬ ▬▬▬▬ ▬ ▬▬▬ ▬▬ ▬▬▬▬ ▬ ▬▬▬
▬▬▬ ▬▬ ▬▬▬▬ ▬ ▬▬▬ ▬▬ ▬▬▬▬ ▬ ▬▬▬
▬▬ ▬▬▬▬ ▬ ▬▬▬ ▬▬ ▬▬▬▬ ▬ ▬▬▬ ▬▬ ▬▬▬▬ ▬ ▬▬▬
▬▬▬▬ ▬ ▬▬▬ ▬▬ ▬▬▬▬ ▬ ▬▬▬ ▬▬ ▬▬▬▬ ▬ ▬▬▬
▬ ▬▬▬ ▬▬ ▬▬▬▬ ▬ ▬▬▬ ▬▬ ▬▬▬▬ ▬ ▬▬▬
▬▬▬ ▬▬ ▬▬▬▬ ▬ ▬▬▬ ▬▬ ▬▬▬▬ ▬ ▬▬▬
GENERAL NEWS.
During the extended interval of the proceedings the ceremony of unveiling the sports ground memorial took place.
▬▬▬▬ ▬ ▬▬▬ ▬▬ ▬▬▬▬ ▬ ▬▬▬ ▬▬ ▬▬▬▬ ▬ ▬▬▬
▬ ▬▬▬ ▬▬ ▬▬▬▬ ▬ ▬▬▬ ▬▬ ▬▬▬▬ ▬ ▬▬▬
▬▬▬ ▬▬ ▬▬▬▬ ▬ ▬▬▬ ▬▬ ▬▬▬▬ ▬ ▬▬▬
▬▬ ▬▬▬▬ ▬ ▬▬▬ ▬▬ ▬▬▬▬ ▬ ▬▬▬ ▬▬ ▬▬▬▬ ▬ ▬▬▬
▬▬▬▬ ▬ ▬▬▬ ▬▬ ▬▬▬▬ ▬ ▬▬▬ ▬▬ ▬▬▬▬ ▬ ▬▬▬
▬ ▬▬▬ ▬▬ ▬▬▬▬ ▬ ▬▬▬ ▬▬ ▬▬▬▬ ▬ ▬▬▬
▬▬▬ ▬▬ ▬▬▬▬ ▬ ▬▬▬ ▬▬ ▬▬▬▬ ▬ ▬▬▬
▬▬ ▬▬▬▬ ▬ ▬▬▬ ▬▬ ▬▬▬▬ ▬ ▬▬▬ ▬▬ ▬▬▬▬ ▬ ▬▬▬
▬▬▬▬ ▬ ▬▬▬ ▬▬ ▬▬▬▬ ▬ ▬▬▬ ▬▬ ▬▬▬▬ ▬ ▬▬▬
▬ ▬▬▬ ▬▬ ▬▬▬▬ ▬ ▬▬▬ ▬▬ ▬▬▬▬ ▬ ▬▬▬
▬▬▬ ▬▬ ▬▬▬▬ ▬ ▬▬▬ ▬▬ ▬▬▬▬ ▬ ▬▬▬
▬▬ ▬▬▬▬ ▬ ▬▬▬ ▬▬ ▬▬▬▬ ▬ ▬▬▬ ▬▬ ▬▬▬▬ ▬ ▬▬▬
▬▬▬▬ ▬ ▬▬▬ ▬▬ ▬▬▬▬ ▬ ▬▬▬ ▬▬ ▬▬▬▬ ▬ ▬▬▬
▬ ▬▬▬ ▬▬ ▬▬▬▬ ▬ ▬▬▬ ▬▬ ▬▬▬▬ ▬ ▬▬▬
▬▬▬ ▬▬ ▬▬▬▬ ▬ ▬▬▬ ▬▬ ▬▬▬▬ ▬ ▬▬▬
▬▬ ▬▬▬▬ ▬ ▬▬▬ ▬▬ ▬▬▬▬ ▬ ▬▬▬ ▬▬ ▬▬▬▬ ▬ ▬▬▬
▬▬▬▬ ▬ ▬▬▬ ▬▬ ▬▬▬▬ ▬ ▬▬▬ ▬▬ ▬▬▬▬ ▬ ▬▬▬
▬ ▬▬▬ ▬▬ ▬▬▬▬ ▬ ▬▬▬ ▬▬ ▬▬▬▬ ▬ ▬▬▬
▬▬▬ ▬▬ ▬▬▬▬ ▬ ▬▬▬ ▬▬ ▬▬▬▬ ▬ ▬▬▬
▬▬ ▬▬▬▬ ▬ ▬▬▬ ▬▬ ▬▬▬▬ ▬ ▬▬▬ ▬▬ ▬▬▬▬ ▬ ▬▬▬
▬▬▬▬ ▬ ▬▬▬ ▬▬ ▬▬▬▬ ▬ ▬▬▬ ▬▬ ▬▬▬▬ ▬ ▬▬▬
▬ ▬▬▬ ▬▬ ▬▬▬▬ ▬ ▬▬▬ ▬▬ ▬▬▬▬ ▬ ▬▬▬
▬▬▬ ▬▬ ▬▬▬▬ ▬ ▬▬▬ ▬▬ ▬▬▬▬ ▬ ▬▬▬
▬▬ ▬▬▬▬ ▬ ▬▬▬ ▬▬ ▬▬▬▬ ▬ ▬▬▬ ▬▬ ▬▬▬▬ ▬ ▬▬▬
▬▬▬▬ ▬ ▬▬▬ ▬▬ ▬▬▬▬ ▬ ▬▬▬ ▬▬ ▬▬▬▬ ▬ ▬▬▬
▬ ▬▬▬ ▬▬ ▬▬▬▬ ▬ ▬▬▬ ▬▬ ▬▬▬▬ ▬ ▬▬▬
▬▬▬ ▬▬ ▬▬▬▬ ▬ ▬▬▬ ▬▬ ▬▬▬▬ ▬ ▬▬▬
▬▬ ▬▬▬▬ ▬ ▬▬▬ ▬▬ ▬▬▬▬ ▬ ▬▬▬ ▬▬ ▬▬▬▬ ▬ ▬▬▬
FOOTBALL.
TARANAKI REFEREES' ASSOCIATION.
ANNUAL RE-UNION.
The annual re-union of members of the Taranaki Referees' Association (northern committee) took place last night, taking the form of a dinner, followed by a smoke concert. There were about forty present.
▬ ▬▬▬ ▬▬ ▬▬▬▬ ▬ ▬▬▬ ▬▬ ▬▬▬▬ ▬ ▬▬▬ ▬▬ ▬▬▬▬
▬▬▬ ▬▬ ▬▬▬▬ ▬ ▬▬▬ ▬▬ ▬▬▬▬ ▬ ▬▬▬ ▬▬ ▬▬▬▬
▬▬ ▬▬▬▬ ▬ ▬▬▬ ▬▬ ▬▬▬▬ ▬ ▬▬▬ ▬▬ ▬▬▬▬
▬▬▬▬ ▬ ▬▬▬ ▬▬ ▬▬▬▬ ▬ ▬▬▬ ▬▬ ▬▬▬▬
▬ ▬▬▬ ▬▬ ▬▬▬▬ ▬ ▬▬▬ ▬▬ ▬▬▬▬ ▬ ▬▬▬ ▬▬ ▬▬▬▬
▬▬▬ ▬▬ ▬▬▬▬ ▬ ▬▬▬ ▬▬ ▬▬▬▬ ▬ ▬▬▬ ▬▬ ▬▬▬▬
▬▬ ▬▬▬▬ ▬ ▬▬▬ ▬▬ ▬▬▬▬ ▬ ▬▬▬ ▬▬ ▬▬▬▬
▬▬▬▬ ▬ ▬▬▬ ▬▬ ▬▬▬▬ ▬ ▬▬▬ ▬▬ ▬▬▬▬
▬ ▬▬▬ ▬▬ ▬▬▬▬ ▬ ▬▬▬ ▬▬ ▬▬▬▬ ▬ ▬▬▬ ▬▬ ▬▬▬▬
▬▬▬ ▬▬ ▬▬▬▬ ▬ ▬▬▬ ▬▬ ▬▬▬▬ ▬ ▬▬▬ ▬▬ ▬▬▬▬
▬▬ ▬▬▬▬ ▬ ▬▬▬ ▬▬ ▬▬▬▬ ▬ ▬▬▬ ▬▬ ▬▬▬▬
▬▬▬▬ ▬ ▬▬▬ ▬▬ ▬▬▬▬ ▬ ▬▬▬ ▬▬ ▬▬▬▬
▬ ▬▬▬ ▬▬ ▬▬▬▬ ▬ ▬▬▬ ▬▬ ▬▬▬▬ ▬ ▬▬▬ ▬▬ ▬▬▬▬
▬▬▬ ▬▬ ▬▬▬▬ ▬ ▬▬▬ ▬▬ ▬▬▬▬ ▬ ▬▬▬ ▬▬ ▬▬▬▬
▬▬ ▬▬▬▬ ▬ ▬▬▬ ▬▬ ▬▬▬▬ ▬ ▬▬▬ ▬▬ ▬▬▬▬
▬▬▬▬ ▬ ▬▬▬ ▬▬ ▬▬▬▬ ▬ ▬▬▬ ▬▬ ▬▬▬▬
▬ ▬▬▬ ▬▬ ▬▬▬▬ ▬ ▬▬▬ ▬▬ ▬▬▬▬ ▬ ▬▬▬ ▬▬ ▬▬▬▬
▬▬▬ ▬▬ ▬▬▬▬ ▬ ▬▬▬ ▬▬ ▬▬▬▬ ▬ ▬▬▬ ▬▬ ▬▬▬▬
▬▬ ▬▬▬▬ ▬ ▬▬▬ ▬▬ ▬▬▬▬ ▬ ▬▬▬ ▬▬ ▬▬▬▬
▬▬▬▬ ▬ ▬▬▬ ▬▬ ▬▬▬▬ ▬ ▬▬▬ ▬▬ ▬▬▬▬
▬ ▬▬▬ ▬▬ ▬▬▬▬ ▬ ▬▬▬ ▬▬ ▬▬▬▬ ▬ ▬▬▬ ▬▬ ▬▬▬▬
▬▬▬ ▬▬ ▬▬▬▬ ▬ ▬▬▬ ▬▬ ▬▬▬▬ ▬ ▬▬▬ ▬▬ ▬▬▬▬
▬▬ ▬▬▬▬ ▬ ▬▬▬ ▬▬ ▬▬▬▬ ▬ ▬▬▬ ▬▬ ▬▬▬▬
▬▬▬▬ ▬ ▬▬▬ ▬▬ ▬▬▬▬ ▬ ▬▬▬ ▬▬ ▬▬▬▬
▬ ▬▬▬ ▬▬ ▬▬▬▬ ▬ ▬▬▬ ▬▬ ▬▬▬▬ ▬ ▬▬▬ ▬▬ ▬▬▬▬
